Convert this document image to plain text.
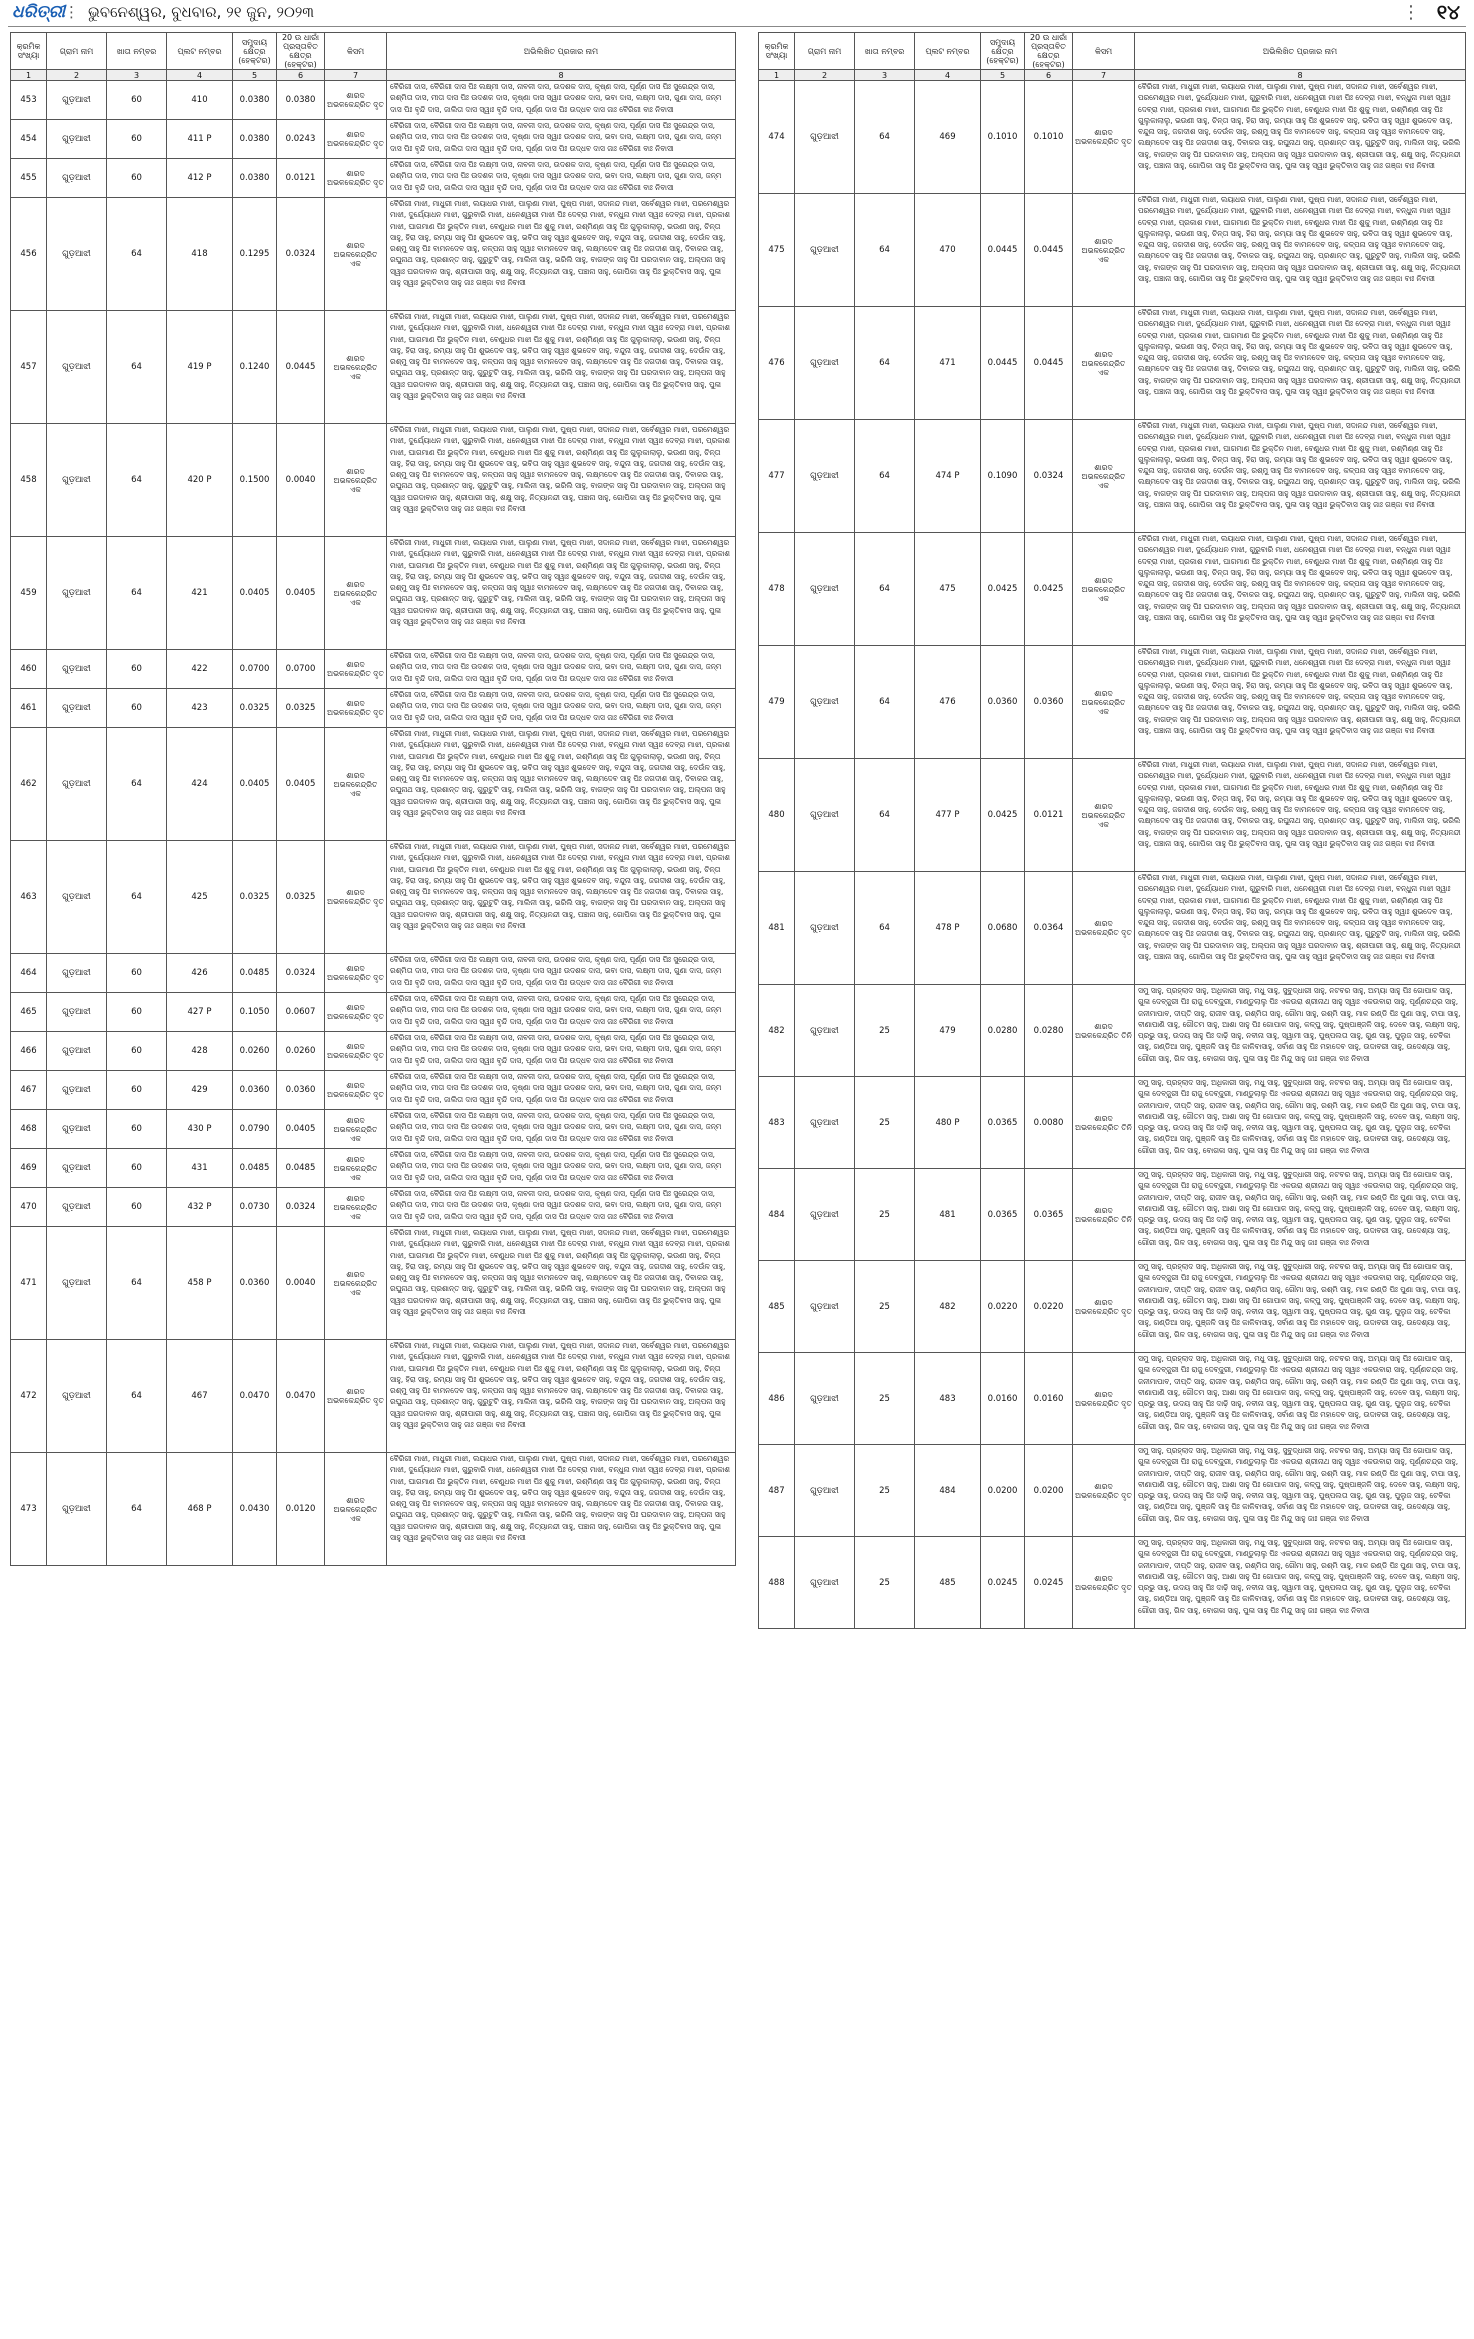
ଧରିତ୍ରୀ
⋮ ଭୁବନେଶ୍ୱର, ବୁଧବାର, ୨୧ ଜୁନ, ୨୦୨୩	⋮ ୧୪
କ୍ରମିକ ସଂଖ୍ୟା	ଗ୍ରାମ ନାମ	ଖାତା ନମ୍ବର	ପ୍ଲଟ ନମ୍ବର	ସମୁଦାୟ କ୍ଷେତ୍ର (ହେକ୍ଟର)	20 ଉ ଧାରାଁ ପ୍ରସ୍ତାବିତ କ୍ଷେତ୍ର (ହେକ୍ଟର)	କିସମ	ଅଭିଲିଖିତ ପ୍ରଜାର ନାମ
1	2	3	4	5	6	7	8
453	ଗୁଡ଼ଆଝୀ	60	410	0.0380	0.0380	ଶାରଦ ଅଭଳକେନ୍ଦ୍ରିତ ଦୃତ	ବୈରିଗୀ ଦାସ, ବୈରିଗୀ ଦାସ ପିଃ ଲକ୍ଷ୍ମୀ ଦାସ, ନାବଳୀ ଦାସ, ଉଦଶକ ଦାସ, କୃଷ୍ଣ ଦାସ, ପୂର୍ଣ୍ଣ ଦାସ ପିଃ ସୁରେନ୍ଦ୍ର ଦାସ, ରଶ୍ମିତା ଦାସ, ମୀତା ଦାସ ପିଃ ଉଦଶକ ଦାସ, କୃଷ୍ଣା ଦାସ ସ୍ୱାଃ ଉଦଶକ ଦାସ, ଭବା ଦାସ, ଲକ୍ଷ୍ମୀ ଦାସ, ଗୁଣା ଦାସ, ଜନ୍ମ ଦାସ ପିଃ ବୃନ୍ଦି ଦାସ, ଜାଲିତା ଦାସ ସ୍ୱାଃ ବୃନ୍ଦି ଦାସ, ପୂର୍ଣ୍ଣ ଦାସ ପିଃ ଉଦ୍ଧବ ଦାସ ଜାଃ ବୈରିଗୀ ବାଃ ନିବାସୀ
454	ଗୁଡ଼ଆଝୀ	60	411 P	0.0380	0.0243	ଶାରଦ ଅଭଳକେନ୍ଦ୍ରିତ ଦୃତ	ବୈରିଗୀ ଦାସ, ବୈରିଗୀ ଦାସ ପିଃ ଲକ୍ଷ୍ମୀ ଦାସ, ନାବଳୀ ଦାସ, ଉଦଶକ ଦାସ, କୃଷ୍ଣ ଦାସ, ପୂର୍ଣ୍ଣ ଦାସ ପିଃ ସୁରେନ୍ଦ୍ର ଦାସ, ରଶ୍ମିତା ଦାସ, ମୀତା ଦାସ ପିଃ ଉଦଶକ ଦାସ, କୃଷ୍ଣା ଦାସ ସ୍ୱାଃ ଉଦଶକ ଦାସ, ଭବା ଦାସ, ଲକ୍ଷ୍ମୀ ଦାସ, ଗୁଣା ଦାସ, ଜନ୍ମ ଦାସ ପିଃ ବୃନ୍ଦି ଦାସ, ଜାଲିତା ଦାସ ସ୍ୱାଃ ବୃନ୍ଦି ଦାସ, ପୂର୍ଣ୍ଣ ଦାସ ପିଃ ଉଦ୍ଧବ ଦାସ ଜାଃ ବୈରିଗୀ ବାଃ ନିବାସୀ
455	ଗୁଡ଼ଆଝୀ	60	412 P	0.0380	0.0121	ଶାରଦ ଅଭଳକେନ୍ଦ୍ରିତ ଦୃତ	ବୈରିଗୀ ଦାସ, ବୈରିଗୀ ଦାସ ପିଃ ଲକ୍ଷ୍ମୀ ଦାସ, ନାବଳୀ ଦାସ, ଉଦଶକ ଦାସ, କୃଷ୍ଣ ଦାସ, ପୂର୍ଣ୍ଣ ଦାସ ପିଃ ସୁରେନ୍ଦ୍ର ଦାସ, ରଶ୍ମିତା ଦାସ, ମୀତା ଦାସ ପିଃ ଉଦଶକ ଦାସ, କୃଷ୍ଣା ଦାସ ସ୍ୱାଃ ଉଦଶକ ଦାସ, ଭବା ଦାସ, ଲକ୍ଷ୍ମୀ ଦାସ, ଗୁଣା ଦାସ, ଜନ୍ମ ଦାସ ପିଃ ବୃନ୍ଦି ଦାସ, ଜାଲିତା ଦାସ ସ୍ୱାଃ ବୃନ୍ଦି ଦାସ, ପୂର୍ଣ୍ଣ ଦାସ ପିଃ ଉଦ୍ଧବ ଦାସ ଜାଃ ବୈରିଗୀ ବାଃ ନିବାସୀ
456	ଗୁଡ଼ଆଝୀ	64	418	0.1295	0.0324	ଶାରଦ ଅଭଳକେନ୍ଦ୍ରିତ ଏକ	ବୈରିଗୀ ମାଝୀ, ମାଧୁରୀ ମାଝୀ, ଲୟାଧର ମାଝୀ, ପାଲୁଣା ମାଝୀ, ପୁଷ୍ପ ମାଝୀ, ସଦାନନ୍ଦ ମାଝୀ, ସର୍ବେଶ୍ୱର ମାଝୀ, ପରମେଶ୍ୱର ମାଝୀ, ଦୁର୍ଯ୍ୟୋଧନ ମାଝୀ, ଗୁରୁବାରି ମାଝୀ, ଧନେଶ୍ୱରୀ ମାଝୀ ପିଃ ଦେବ୍ରା ମାଝୀ, ବନ୍ଧୁନା ମାଝୀ ସ୍ୱାଃ ଦେବ୍ରା ମାଝୀ, ପ୍ରକାଶ ମାଝୀ, ଘାଗମାଣ ପିଃ ଭୁକ୍ତିନ ମାଝୀ, ବେଣୁଧର ମାଝୀ ପିଃ ଶୁକୁ ମାଝୀ, ରଶ୍ମିଣ୍ଣ ସାହୁ ପିଃ ଗୁଲୁକାଲାଲୁ, ଭଉଣୀ ସାହୁ, ଚିନ୍ତା ସାହୁ, ହିରା ସାହୁ, ରମ୍ୟା ସାହୁ ପିଃ ଶୁଭଦେବ ସାହୁ, ଭବିତା ସାହୁ ସ୍ୱାଃ ଶୁଭଦେବ ସାହୁ, ବନ୍ଦୁନା ସାହୁ, ଜଗଦୀଶ ସାହୁ, ଦେଉଁଳ ସାହୁ, ରଶ୍ମୁ ସାହୁ ପିଃ ବାମନଦେବ ସାହୁ, କଳ୍ପନା ସାହୁ ସ୍ୱାଃ ବାମନଦେବ ସାହୁ, ଲକ୍ଷ୍ମଦେବ ସାହୁ ପିଃ ଜଗଦୀଶ ସାହୁ, ଦିବାକର ସାହୁ, ରଘୁନାଥ ସାହୁ, ପ୍ରଶାନ୍ତ ସାହୁ, ଗୁରୁଟୁଟି ସାହୁ, ମାଲିନୀ ସାହୁ, ଭରିଲି ସାହୁ, ବାଗଙ୍କ ସାହୁ ପିଃ ଘରଦାବାନ ସାହୁ, ଅଲ୍ପନା ସାହୁ ସ୍ୱାଃ ଘରଦାବାନ ସାହୁ, ଶ୍ରୀପାରୀ ସାହୁ, ଶକ୍ଷୁ ସାହୁ, ନିତ୍ୟାନନ୍ଦୀ ସାହୁ, ପଞ୍ଚାନା ସାହୁ, ଗୋପିକା ସାହୁ ପିଃ ଭୁକ୍ତିବାସ ସାହୁ, ପୁଳା ସାହୁ ସ୍ୱାଃ ଭୁକ୍ତିବାସ ସାହୁ ଜାଃ ଗଞ୍ଜା ବାଃ ନିବାସୀ
457	ଗୁଡ଼ଆଝୀ	64	419 P	0.1240	0.0445	ଶାରଦ ଅଭଳକେନ୍ଦ୍ରିତ ଏକ	ବୈରିଗୀ ମାଝୀ, ମାଧୁରୀ ମାଝୀ, ଲୟାଧର ମାଝୀ, ପାଲୁଣା ମାଝୀ, ପୁଷ୍ପ ମାଝୀ, ସଦାନନ୍ଦ ମାଝୀ, ସର୍ବେଶ୍ୱର ମାଝୀ, ପରମେଶ୍ୱର ମାଝୀ, ଦୁର୍ଯ୍ୟୋଧନ ମାଝୀ, ଗୁରୁବାରି ମାଝୀ, ଧନେଶ୍ୱରୀ ମାଝୀ ପିଃ ଦେବ୍ରା ମାଝୀ, ବନ୍ଧୁନା ମାଝୀ ସ୍ୱାଃ ଦେବ୍ରା ମାଝୀ, ପ୍ରକାଶ ମାଝୀ, ଘାଗମାଣ ପିଃ ଭୁକ୍ତିନ ମାଝୀ, ବେଣୁଧର ମାଝୀ ପିଃ ଶୁକୁ ମାଝୀ, ରଶ୍ମିଣ୍ଣ ସାହୁ ପିଃ ଗୁଲୁକାଲାଲୁ, ଭଉଣୀ ସାହୁ, ଚିନ୍ତା ସାହୁ, ହିରା ସାହୁ, ରମ୍ୟା ସାହୁ ପିଃ ଶୁଭଦେବ ସାହୁ, ଭବିତା ସାହୁ ସ୍ୱାଃ ଶୁଭଦେବ ସାହୁ, ବନ୍ଦୁନା ସାହୁ, ଜଗଦୀଶ ସାହୁ, ଦେଉଁଳ ସାହୁ, ରଶ୍ମୁ ସାହୁ ପିଃ ବାମନଦେବ ସାହୁ, କଳ୍ପନା ସାହୁ ସ୍ୱାଃ ବାମନଦେବ ସାହୁ, ଲକ୍ଷ୍ମଦେବ ସାହୁ ପିଃ ଜଗଦୀଶ ସାହୁ, ଦିବାକର ସାହୁ, ରଘୁନାଥ ସାହୁ, ପ୍ରଶାନ୍ତ ସାହୁ, ଗୁରୁଟୁଟି ସାହୁ, ମାଲିନୀ ସାହୁ, ଭରିଲି ସାହୁ, ବାଗଙ୍କ ସାହୁ ପିଃ ଘରଦାବାନ ସାହୁ, ଅଲ୍ପନା ସାହୁ ସ୍ୱାଃ ଘରଦାବାନ ସାହୁ, ଶ୍ରୀପାରୀ ସାହୁ, ଶକ୍ଷୁ ସାହୁ, ନିତ୍ୟାନନ୍ଦୀ ସାହୁ, ପଞ୍ଚାନା ସାହୁ, ଗୋପିକା ସାହୁ ପିଃ ଭୁକ୍ତିବାସ ସାହୁ, ପୁଳା ସାହୁ ସ୍ୱାଃ ଭୁକ୍ତିବାସ ସାହୁ ଜାଃ ଗଞ୍ଜା ବାଃ ନିବାସୀ
458	ଗୁଡ଼ଆଝୀ	64	420 P	0.1500	0.0040	ଶାରଦ ଅଭଳକେନ୍ଦ୍ରିତ ଏକ	ବୈରିଗୀ ମାଝୀ, ମାଧୁରୀ ମାଝୀ, ଲୟାଧର ମାଝୀ, ପାଲୁଣା ମାଝୀ, ପୁଷ୍ପ ମାଝୀ, ସଦାନନ୍ଦ ମାଝୀ, ସର୍ବେଶ୍ୱର ମାଝୀ, ପରମେଶ୍ୱର ମାଝୀ, ଦୁର୍ଯ୍ୟୋଧନ ମାଝୀ, ଗୁରୁବାରି ମାଝୀ, ଧନେଶ୍ୱରୀ ମାଝୀ ପିଃ ଦେବ୍ରା ମାଝୀ, ବନ୍ଧୁନା ମାଝୀ ସ୍ୱାଃ ଦେବ୍ରା ମାଝୀ, ପ୍ରକାଶ ମାଝୀ, ଘାଗମାଣ ପିଃ ଭୁକ୍ତିନ ମାଝୀ, ବେଣୁଧର ମାଝୀ ପିଃ ଶୁକୁ ମାଝୀ, ରଶ୍ମିଣ୍ଣ ସାହୁ ପିଃ ଗୁଲୁକାଲାଲୁ, ଭଉଣୀ ସାହୁ, ଚିନ୍ତା ସାହୁ, ହିରା ସାହୁ, ରମ୍ୟା ସାହୁ ପିଃ ଶୁଭଦେବ ସାହୁ, ଭବିତା ସାହୁ ସ୍ୱାଃ ଶୁଭଦେବ ସାହୁ, ବନ୍ଦୁନା ସାହୁ, ଜଗଦୀଶ ସାହୁ, ଦେଉଁଳ ସାହୁ, ରଶ୍ମୁ ସାହୁ ପିଃ ବାମନଦେବ ସାହୁ, କଳ୍ପନା ସାହୁ ସ୍ୱାଃ ବାମନଦେବ ସାହୁ, ଲକ୍ଷ୍ମଦେବ ସାହୁ ପିଃ ଜଗଦୀଶ ସାହୁ, ଦିବାକର ସାହୁ, ରଘୁନାଥ ସାହୁ, ପ୍ରଶାନ୍ତ ସାହୁ, ଗୁରୁଟୁଟି ସାହୁ, ମାଲିନୀ ସାହୁ, ଭରିଲି ସାହୁ, ବାଗଙ୍କ ସାହୁ ପିଃ ଘରଦାବାନ ସାହୁ, ଅଲ୍ପନା ସାହୁ ସ୍ୱାଃ ଘରଦାବାନ ସାହୁ, ଶ୍ରୀପାରୀ ସାହୁ, ଶକ୍ଷୁ ସାହୁ, ନିତ୍ୟାନନ୍ଦୀ ସାହୁ, ପଞ୍ଚାନା ସାହୁ, ଗୋପିକା ସାହୁ ପିଃ ଭୁକ୍ତିବାସ ସାହୁ, ପୁଳା ସାହୁ ସ୍ୱାଃ ଭୁକ୍ତିବାସ ସାହୁ ଜାଃ ଗଞ୍ଜା ବାଃ ନିବାସୀ
459	ଗୁଡ଼ଆଝୀ	64	421	0.0405	0.0405	ଶାରଦ ଅଭଳକେନ୍ଦ୍ରିତ ଏକ	ବୈରିଗୀ ମାଝୀ, ମାଧୁରୀ ମାଝୀ, ଲୟାଧର ମାଝୀ, ପାଲୁଣା ମାଝୀ, ପୁଷ୍ପ ମାଝୀ, ସଦାନନ୍ଦ ମାଝୀ, ସର୍ବେଶ୍ୱର ମାଝୀ, ପରମେଶ୍ୱର ମାଝୀ, ଦୁର୍ଯ୍ୟୋଧନ ମାଝୀ, ଗୁରୁବାରି ମାଝୀ, ଧନେଶ୍ୱରୀ ମାଝୀ ପିଃ ଦେବ୍ରା ମାଝୀ, ବନ୍ଧୁନା ମାଝୀ ସ୍ୱାଃ ଦେବ୍ରା ମାଝୀ, ପ୍ରକାଶ ମାଝୀ, ଘାଗମାଣ ପିଃ ଭୁକ୍ତିନ ମାଝୀ, ବେଣୁଧର ମାଝୀ ପିଃ ଶୁକୁ ମାଝୀ, ରଶ୍ମିଣ୍ଣ ସାହୁ ପିଃ ଗୁଲୁକାଲାଲୁ, ଭଉଣୀ ସାହୁ, ଚିନ୍ତା ସାହୁ, ହିରା ସାହୁ, ରମ୍ୟା ସାହୁ ପିଃ ଶୁଭଦେବ ସାହୁ, ଭବିତା ସାହୁ ସ୍ୱାଃ ଶୁଭଦେବ ସାହୁ, ବନ୍ଦୁନା ସାହୁ, ଜଗଦୀଶ ସାହୁ, ଦେଉଁଳ ସାହୁ, ରଶ୍ମୁ ସାହୁ ପିଃ ବାମନଦେବ ସାହୁ, କଳ୍ପନା ସାହୁ ସ୍ୱାଃ ବାମନଦେବ ସାହୁ, ଲକ୍ଷ୍ମଦେବ ସାହୁ ପିଃ ଜଗଦୀଶ ସାହୁ, ଦିବାକର ସାହୁ, ରଘୁନାଥ ସାହୁ, ପ୍ରଶାନ୍ତ ସାହୁ, ଗୁରୁଟୁଟି ସାହୁ, ମାଲିନୀ ସାହୁ, ଭରିଲି ସାହୁ, ବାଗଙ୍କ ସାହୁ ପିଃ ଘରଦାବାନ ସାହୁ, ଅଲ୍ପନା ସାହୁ ସ୍ୱାଃ ଘରଦାବାନ ସାହୁ, ଶ୍ରୀପାରୀ ସାହୁ, ଶକ୍ଷୁ ସାହୁ, ନିତ୍ୟାନନ୍ଦୀ ସାହୁ, ପଞ୍ଚାନା ସାହୁ, ଗୋପିକା ସାହୁ ପିଃ ଭୁକ୍ତିବାସ ସାହୁ, ପୁଳା ସାହୁ ସ୍ୱାଃ ଭୁକ୍ତିବାସ ସାହୁ ଜାଃ ଗଞ୍ଜା ବାଃ ନିବାସୀ
460	ଗୁଡ଼ଆଝୀ	60	422	0.0700	0.0700	ଶାରଦ ଅଭଳକେନ୍ଦ୍ରିତ ଦୃତ	ବୈରିଗୀ ଦାସ, ବୈରିଗୀ ଦାସ ପିଃ ଲକ୍ଷ୍ମୀ ଦାସ, ନାବଳୀ ଦାସ, ଉଦଶକ ଦାସ, କୃଷ୍ଣ ଦାସ, ପୂର୍ଣ୍ଣ ଦାସ ପିଃ ସୁରେନ୍ଦ୍ର ଦାସ, ରଶ୍ମିତା ଦାସ, ମୀତା ଦାସ ପିଃ ଉଦଶକ ଦାସ, କୃଷ୍ଣା ଦାସ ସ୍ୱାଃ ଉଦଶକ ଦାସ, ଭବା ଦାସ, ଲକ୍ଷ୍ମୀ ଦାସ, ଗୁଣା ଦାସ, ଜନ୍ମ ଦାସ ପିଃ ବୃନ୍ଦି ଦାସ, ଜାଲିତା ଦାସ ସ୍ୱାଃ ବୃନ୍ଦି ଦାସ, ପୂର୍ଣ୍ଣ ଦାସ ପିଃ ଉଦ୍ଧବ ଦାସ ଜାଃ ବୈରିଗୀ ବାଃ ନିବାସୀ
461	ଗୁଡ଼ଆଝୀ	60	423	0.0325	0.0325	ଶାରଦ ଅଭଳକେନ୍ଦ୍ରିତ ଦୃତ	ବୈରିଗୀ ଦାସ, ବୈରିଗୀ ଦାସ ପିଃ ଲକ୍ଷ୍ମୀ ଦାସ, ନାବଳୀ ଦାସ, ଉଦଶକ ଦାସ, କୃଷ୍ଣ ଦାସ, ପୂର୍ଣ୍ଣ ଦାସ ପିଃ ସୁରେନ୍ଦ୍ର ଦାସ, ରଶ୍ମିତା ଦାସ, ମୀତା ଦାସ ପିଃ ଉଦଶକ ଦାସ, କୃଷ୍ଣା ଦାସ ସ୍ୱାଃ ଉଦଶକ ଦାସ, ଭବା ଦାସ, ଲକ୍ଷ୍ମୀ ଦାସ, ଗୁଣା ଦାସ, ଜନ୍ମ ଦାସ ପିଃ ବୃନ୍ଦି ଦାସ, ଜାଲିତା ଦାସ ସ୍ୱାଃ ବୃନ୍ଦି ଦାସ, ପୂର୍ଣ୍ଣ ଦାସ ପିଃ ଉଦ୍ଧବ ଦାସ ଜାଃ ବୈରିଗୀ ବାଃ ନିବାସୀ
462	ଗୁଡ଼ଆଝୀ	64	424	0.0405	0.0405	ଶାରଦ ଅଭଳକେନ୍ଦ୍ରିତ ଏକ	ବୈରିଗୀ ମାଝୀ, ମାଧୁରୀ ମାଝୀ, ଲୟାଧର ମାଝୀ, ପାଲୁଣା ମାଝୀ, ପୁଷ୍ପ ମାଝୀ, ସଦାନନ୍ଦ ମାଝୀ, ସର୍ବେଶ୍ୱର ମାଝୀ, ପରମେଶ୍ୱର ମାଝୀ, ଦୁର୍ଯ୍ୟୋଧନ ମାଝୀ, ଗୁରୁବାରି ମାଝୀ, ଧନେଶ୍ୱରୀ ମାଝୀ ପିଃ ଦେବ୍ରା ମାଝୀ, ବନ୍ଧୁନା ମାଝୀ ସ୍ୱାଃ ଦେବ୍ରା ମାଝୀ, ପ୍ରକାଶ ମାଝୀ, ଘାଗମାଣ ପିଃ ଭୁକ୍ତିନ ମାଝୀ, ବେଣୁଧର ମାଝୀ ପିଃ ଶୁକୁ ମାଝୀ, ରଶ୍ମିଣ୍ଣ ସାହୁ ପିଃ ଗୁଲୁକାଲାଲୁ, ଭଉଣୀ ସାହୁ, ଚିନ୍ତା ସାହୁ, ହିରା ସାହୁ, ରମ୍ୟା ସାହୁ ପିଃ ଶୁଭଦେବ ସାହୁ, ଭବିତା ସାହୁ ସ୍ୱାଃ ଶୁଭଦେବ ସାହୁ, ବନ୍ଦୁନା ସାହୁ, ଜଗଦୀଶ ସାହୁ, ଦେଉଁଳ ସାହୁ, ରଶ୍ମୁ ସାହୁ ପିଃ ବାମନଦେବ ସାହୁ, କଳ୍ପନା ସାହୁ ସ୍ୱାଃ ବାମନଦେବ ସାହୁ, ଲକ୍ଷ୍ମଦେବ ସାହୁ ପିଃ ଜଗଦୀଶ ସାହୁ, ଦିବାକର ସାହୁ, ରଘୁନାଥ ସାହୁ, ପ୍ରଶାନ୍ତ ସାହୁ, ଗୁରୁଟୁଟି ସାହୁ, ମାଲିନୀ ସାହୁ, ଭରିଲି ସାହୁ, ବାଗଙ୍କ ସାହୁ ପିଃ ଘରଦାବାନ ସାହୁ, ଅଲ୍ପନା ସାହୁ ସ୍ୱାଃ ଘରଦାବାନ ସାହୁ, ଶ୍ରୀପାରୀ ସାହୁ, ଶକ୍ଷୁ ସାହୁ, ନିତ୍ୟାନନ୍ଦୀ ସାହୁ, ପଞ୍ଚାନା ସାହୁ, ଗୋପିକା ସାହୁ ପିଃ ଭୁକ୍ତିବାସ ସାହୁ, ପୁଳା ସାହୁ ସ୍ୱାଃ ଭୁକ୍ତିବାସ ସାହୁ ଜାଃ ଗଞ୍ଜା ବାଃ ନିବାସୀ
463	ଗୁଡ଼ଆଝୀ	64	425	0.0325	0.0325	ଶାରଦ ଅଭଳକେନ୍ଦ୍ରିତ ଦୃତ	ବୈରିଗୀ ମାଝୀ, ମାଧୁରୀ ମାଝୀ, ଲୟାଧର ମାଝୀ, ପାଲୁଣା ମାଝୀ, ପୁଷ୍ପ ମାଝୀ, ସଦାନନ୍ଦ ମାଝୀ, ସର୍ବେଶ୍ୱର ମାଝୀ, ପରମେଶ୍ୱର ମାଝୀ, ଦୁର୍ଯ୍ୟୋଧନ ମାଝୀ, ଗୁରୁବାରି ମାଝୀ, ଧନେଶ୍ୱରୀ ମାଝୀ ପିଃ ଦେବ୍ରା ମାଝୀ, ବନ୍ଧୁନା ମାଝୀ ସ୍ୱାଃ ଦେବ୍ରା ମାଝୀ, ପ୍ରକାଶ ମାଝୀ, ଘାଗମାଣ ପିଃ ଭୁକ୍ତିନ ମାଝୀ, ବେଣୁଧର ମାଝୀ ପିଃ ଶୁକୁ ମାଝୀ, ରଶ୍ମିଣ୍ଣ ସାହୁ ପିଃ ଗୁଲୁକାଲାଲୁ, ଭଉଣୀ ସାହୁ, ଚିନ୍ତା ସାହୁ, ହିରା ସାହୁ, ରମ୍ୟା ସାହୁ ପିଃ ଶୁଭଦେବ ସାହୁ, ଭବିତା ସାହୁ ସ୍ୱାଃ ଶୁଭଦେବ ସାହୁ, ବନ୍ଦୁନା ସାହୁ, ଜଗଦୀଶ ସାହୁ, ଦେଉଁଳ ସାହୁ, ରଶ୍ମୁ ସାହୁ ପିଃ ବାମନଦେବ ସାହୁ, କଳ୍ପନା ସାହୁ ସ୍ୱାଃ ବାମନଦେବ ସାହୁ, ଲକ୍ଷ୍ମଦେବ ସାହୁ ପିଃ ଜଗଦୀଶ ସାହୁ, ଦିବାକର ସାହୁ, ରଘୁନାଥ ସାହୁ, ପ୍ରଶାନ୍ତ ସାହୁ, ଗୁରୁଟୁଟି ସାହୁ, ମାଲିନୀ ସାହୁ, ଭରିଲି ସାହୁ, ବାଗଙ୍କ ସାହୁ ପିଃ ଘରଦାବାନ ସାହୁ, ଅଲ୍ପନା ସାହୁ ସ୍ୱାଃ ଘରଦାବାନ ସାହୁ, ଶ୍ରୀପାରୀ ସାହୁ, ଶକ୍ଷୁ ସାହୁ, ନିତ୍ୟାନନ୍ଦୀ ସାହୁ, ପଞ୍ଚାନା ସାହୁ, ଗୋପିକା ସାହୁ ପିଃ ଭୁକ୍ତିବାସ ସାହୁ, ପୁଳା ସାହୁ ସ୍ୱାଃ ଭୁକ୍ତିବାସ ସାହୁ ଜାଃ ଗଞ୍ଜା ବାଃ ନିବାସୀ
464	ଗୁଡ଼ଆଝୀ	60	426	0.0485	0.0324	ଶାରଦ ଅଭଳକେନ୍ଦ୍ରିତ ଦୃତ	ବୈରିଗୀ ଦାସ, ବୈରିଗୀ ଦାସ ପିଃ ଲକ୍ଷ୍ମୀ ଦାସ, ନାବଳୀ ଦାସ, ଉଦଶକ ଦାସ, କୃଷ୍ଣ ଦାସ, ପୂର୍ଣ୍ଣ ଦାସ ପିଃ ସୁରେନ୍ଦ୍ର ଦାସ, ରଶ୍ମିତା ଦାସ, ମୀତା ଦାସ ପିଃ ଉଦଶକ ଦାସ, କୃଷ୍ଣା ଦାସ ସ୍ୱାଃ ଉଦଶକ ଦାସ, ଭବା ଦାସ, ଲକ୍ଷ୍ମୀ ଦାସ, ଗୁଣା ଦାସ, ଜନ୍ମ ଦାସ ପିଃ ବୃନ୍ଦି ଦାସ, ଜାଲିତା ଦାସ ସ୍ୱାଃ ବୃନ୍ଦି ଦାସ, ପୂର୍ଣ୍ଣ ଦାସ ପିଃ ଉଦ୍ଧବ ଦାସ ଜାଃ ବୈରିଗୀ ବାଃ ନିବାସୀ
465	ଗୁଡ଼ଆଝୀ	60	427 P	0.1050	0.0607	ଶାରଦ ଅଭଳକେନ୍ଦ୍ରିତ ଦୃତ	ବୈରିଗୀ ଦାସ, ବୈରିଗୀ ଦାସ ପିଃ ଲକ୍ଷ୍ମୀ ଦାସ, ନାବଳୀ ଦାସ, ଉଦଶକ ଦାସ, କୃଷ୍ଣ ଦାସ, ପୂର୍ଣ୍ଣ ଦାସ ପିଃ ସୁରେନ୍ଦ୍ର ଦାସ, ରଶ୍ମିତା ଦାସ, ମୀତା ଦାସ ପିଃ ଉଦଶକ ଦାସ, କୃଷ୍ଣା ଦାସ ସ୍ୱାଃ ଉଦଶକ ଦାସ, ଭବା ଦାସ, ଲକ୍ଷ୍ମୀ ଦାସ, ଗୁଣା ଦାସ, ଜନ୍ମ ଦାସ ପିଃ ବୃନ୍ଦି ଦାସ, ଜାଲିତା ଦାସ ସ୍ୱାଃ ବୃନ୍ଦି ଦାସ, ପୂର୍ଣ୍ଣ ଦାସ ପିଃ ଉଦ୍ଧବ ଦାସ ଜାଃ ବୈରିଗୀ ବାଃ ନିବାସୀ
466	ଗୁଡ଼ଆଝୀ	60	428	0.0260	0.0260	ଶାରଦ ଅଭଳକେନ୍ଦ୍ରିତ ଦୃତ	ବୈରିଗୀ ଦାସ, ବୈରିଗୀ ଦାସ ପିଃ ଲକ୍ଷ୍ମୀ ଦାସ, ନାବଳୀ ଦାସ, ଉଦଶକ ଦାସ, କୃଷ୍ଣ ଦାସ, ପୂର୍ଣ୍ଣ ଦାସ ପିଃ ସୁରେନ୍ଦ୍ର ଦାସ, ରଶ୍ମିତା ଦାସ, ମୀତା ଦାସ ପିଃ ଉଦଶକ ଦାସ, କୃଷ୍ଣା ଦାସ ସ୍ୱାଃ ଉଦଶକ ଦାସ, ଭବା ଦାସ, ଲକ୍ଷ୍ମୀ ଦାସ, ଗୁଣା ଦାସ, ଜନ୍ମ ଦାସ ପିଃ ବୃନ୍ଦି ଦାସ, ଜାଲିତା ଦାସ ସ୍ୱାଃ ବୃନ୍ଦି ଦାସ, ପୂର୍ଣ୍ଣ ଦାସ ପିଃ ଉଦ୍ଧବ ଦାସ ଜାଃ ବୈରିଗୀ ବାଃ ନିବାସୀ
467	ଗୁଡ଼ଆଝୀ	60	429	0.0360	0.0360	ଶାରଦ ଅଭଳକେନ୍ଦ୍ରିତ ଦୃତ	ବୈରିଗୀ ଦାସ, ବୈରିଗୀ ଦାସ ପିଃ ଲକ୍ଷ୍ମୀ ଦାସ, ନାବଳୀ ଦାସ, ଉଦଶକ ଦାସ, କୃଷ୍ଣ ଦାସ, ପୂର୍ଣ୍ଣ ଦାସ ପିଃ ସୁରେନ୍ଦ୍ର ଦାସ, ରଶ୍ମିତା ଦାସ, ମୀତା ଦାସ ପିଃ ଉଦଶକ ଦାସ, କୃଷ୍ଣା ଦାସ ସ୍ୱାଃ ଉଦଶକ ଦାସ, ଭବା ଦାସ, ଲକ୍ଷ୍ମୀ ଦାସ, ଗୁଣା ଦାସ, ଜନ୍ମ ଦାସ ପିଃ ବୃନ୍ଦି ଦାସ, ଜାଲିତା ଦାସ ସ୍ୱାଃ ବୃନ୍ଦି ଦାସ, ପୂର୍ଣ୍ଣ ଦାସ ପିଃ ଉଦ୍ଧବ ଦାସ ଜାଃ ବୈରିଗୀ ବାଃ ନିବାସୀ
468	ଗୁଡ଼ଆଝୀ	60	430 P	0.0790	0.0405	ଶାରଦ ଅଭଳକେନ୍ଦ୍ରିତ ଏକ	ବୈରିଗୀ ଦାସ, ବୈରିଗୀ ଦାସ ପିଃ ଲକ୍ଷ୍ମୀ ଦାସ, ନାବଳୀ ଦାସ, ଉଦଶକ ଦାସ, କୃଷ୍ଣ ଦାସ, ପୂର୍ଣ୍ଣ ଦାସ ପିଃ ସୁରେନ୍ଦ୍ର ଦାସ, ରଶ୍ମିତା ଦାସ, ମୀତା ଦାସ ପିଃ ଉଦଶକ ଦାସ, କୃଷ୍ଣା ଦାସ ସ୍ୱାଃ ଉଦଶକ ଦାସ, ଭବା ଦାସ, ଲକ୍ଷ୍ମୀ ଦାସ, ଗୁଣା ଦାସ, ଜନ୍ମ ଦାସ ପିଃ ବୃନ୍ଦି ଦାସ, ଜାଲିତା ଦାସ ସ୍ୱାଃ ବୃନ୍ଦି ଦାସ, ପୂର୍ଣ୍ଣ ଦାସ ପିଃ ଉଦ୍ଧବ ଦାସ ଜାଃ ବୈରିଗୀ ବାଃ ନିବାସୀ
469	ଗୁଡ଼ଆଝୀ	60	431	0.0485	0.0485	ଶାରଦ ଅଭଳକେନ୍ଦ୍ରିତ ଏକ	ବୈରିଗୀ ଦାସ, ବୈରିଗୀ ଦାସ ପିଃ ଲକ୍ଷ୍ମୀ ଦାସ, ନାବଳୀ ଦାସ, ଉଦଶକ ଦାସ, କୃଷ୍ଣ ଦାସ, ପୂର୍ଣ୍ଣ ଦାସ ପିଃ ସୁରେନ୍ଦ୍ର ଦାସ, ରଶ୍ମିତା ଦାସ, ମୀତା ଦାସ ପିଃ ଉଦଶକ ଦାସ, କୃଷ୍ଣା ଦାସ ସ୍ୱାଃ ଉଦଶକ ଦାସ, ଭବା ଦାସ, ଲକ୍ଷ୍ମୀ ଦାସ, ଗୁଣା ଦାସ, ଜନ୍ମ ଦାସ ପିଃ ବୃନ୍ଦି ଦାସ, ଜାଲିତା ଦାସ ସ୍ୱାଃ ବୃନ୍ଦି ଦାସ, ପୂର୍ଣ୍ଣ ଦାସ ପିଃ ଉଦ୍ଧବ ଦାସ ଜାଃ ବୈରିଗୀ ବାଃ ନିବାସୀ
470	ଗୁଡ଼ଆଝୀ	60	432 P	0.0730	0.0324	ଶାରଦ ଅଭଳକେନ୍ଦ୍ରିତ ଏକ	ବୈରିଗୀ ଦାସ, ବୈରିଗୀ ଦାସ ପିଃ ଲକ୍ଷ୍ମୀ ଦାସ, ନାବଳୀ ଦାସ, ଉଦଶକ ଦାସ, କୃଷ୍ଣ ଦାସ, ପୂର୍ଣ୍ଣ ଦାସ ପିଃ ସୁରେନ୍ଦ୍ର ଦାସ, ରଶ୍ମିତା ଦାସ, ମୀତା ଦାସ ପିଃ ଉଦଶକ ଦାସ, କୃଷ୍ଣା ଦାସ ସ୍ୱାଃ ଉଦଶକ ଦାସ, ଭବା ଦାସ, ଲକ୍ଷ୍ମୀ ଦାସ, ଗୁଣା ଦାସ, ଜନ୍ମ ଦାସ ପିଃ ବୃନ୍ଦି ଦାସ, ଜାଲିତା ଦାସ ସ୍ୱାଃ ବୃନ୍ଦି ଦାସ, ପୂର୍ଣ୍ଣ ଦାସ ପିଃ ଉଦ୍ଧବ ଦାସ ଜାଃ ବୈରିଗୀ ବାଃ ନିବାସୀ
471	ଗୁଡ଼ଆଝୀ	64	458 P	0.0360	0.0040	ଶାରଦ ଅଭଳକେନ୍ଦ୍ରିତ ଏକ	ବୈରିଗୀ ମାଝୀ, ମାଧୁରୀ ମାଝୀ, ଲୟାଧର ମାଝୀ, ପାଲୁଣା ମାଝୀ, ପୁଷ୍ପ ମାଝୀ, ସଦାନନ୍ଦ ମାଝୀ, ସର୍ବେଶ୍ୱର ମାଝୀ, ପରମେଶ୍ୱର ମାଝୀ, ଦୁର୍ଯ୍ୟୋଧନ ମାଝୀ, ଗୁରୁବାରି ମାଝୀ, ଧନେଶ୍ୱରୀ ମାଝୀ ପିଃ ଦେବ୍ରା ମାଝୀ, ବନ୍ଧୁନା ମାଝୀ ସ୍ୱାଃ ଦେବ୍ରା ମାଝୀ, ପ୍ରକାଶ ମାଝୀ, ଘାଗମାଣ ପିଃ ଭୁକ୍ତିନ ମାଝୀ, ବେଣୁଧର ମାଝୀ ପିଃ ଶୁକୁ ମାଝୀ, ରଶ୍ମିଣ୍ଣ ସାହୁ ପିଃ ଗୁଲୁକାଲାଲୁ, ଭଉଣୀ ସାହୁ, ଚିନ୍ତା ସାହୁ, ହିରା ସାହୁ, ରମ୍ୟା ସାହୁ ପିଃ ଶୁଭଦେବ ସାହୁ, ଭବିତା ସାହୁ ସ୍ୱାଃ ଶୁଭଦେବ ସାହୁ, ବନ୍ଦୁନା ସାହୁ, ଜଗଦୀଶ ସାହୁ, ଦେଉଁଳ ସାହୁ, ରଶ୍ମୁ ସାହୁ ପିଃ ବାମନଦେବ ସାହୁ, କଳ୍ପନା ସାହୁ ସ୍ୱାଃ ବାମନଦେବ ସାହୁ, ଲକ୍ଷ୍ମଦେବ ସାହୁ ପିଃ ଜଗଦୀଶ ସାହୁ, ଦିବାକର ସାହୁ, ରଘୁନାଥ ସାହୁ, ପ୍ରଶାନ୍ତ ସାହୁ, ଗୁରୁଟୁଟି ସାହୁ, ମାଲିନୀ ସାହୁ, ଭରିଲି ସାହୁ, ବାଗଙ୍କ ସାହୁ ପିଃ ଘରଦାବାନ ସାହୁ, ଅଲ୍ପନା ସାହୁ ସ୍ୱାଃ ଘରଦାବାନ ସାହୁ, ଶ୍ରୀପାରୀ ସାହୁ, ଶକ୍ଷୁ ସାହୁ, ନିତ୍ୟାନନ୍ଦୀ ସାହୁ, ପଞ୍ଚାନା ସାହୁ, ଗୋପିକା ସାହୁ ପିଃ ଭୁକ୍ତିବାସ ସାହୁ, ପୁଳା ସାହୁ ସ୍ୱାଃ ଭୁକ୍ତିବାସ ସାହୁ ଜାଃ ଗଞ୍ଜା ବାଃ ନିବାସୀ
472	ଗୁଡ଼ଆଝୀ	64	467	0.0470	0.0470	ଶାରଦ ଅଭଳକେନ୍ଦ୍ରିତ ଦୃତ	ବୈରିଗୀ ମାଝୀ, ମାଧୁରୀ ମାଝୀ, ଲୟାଧର ମାଝୀ, ପାଲୁଣା ମାଝୀ, ପୁଷ୍ପ ମାଝୀ, ସଦାନନ୍ଦ ମାଝୀ, ସର୍ବେଶ୍ୱର ମାଝୀ, ପରମେଶ୍ୱର ମାଝୀ, ଦୁର୍ଯ୍ୟୋଧନ ମାଝୀ, ଗୁରୁବାରି ମାଝୀ, ଧନେଶ୍ୱରୀ ମାଝୀ ପିଃ ଦେବ୍ରା ମାଝୀ, ବନ୍ଧୁନା ମାଝୀ ସ୍ୱାଃ ଦେବ୍ରା ମାଝୀ, ପ୍ରକାଶ ମାଝୀ, ଘାଗମାଣ ପିଃ ଭୁକ୍ତିନ ମାଝୀ, ବେଣୁଧର ମାଝୀ ପିଃ ଶୁକୁ ମାଝୀ, ରଶ୍ମିଣ୍ଣ ସାହୁ ପିଃ ଗୁଲୁକାଲାଲୁ, ଭଉଣୀ ସାହୁ, ଚିନ୍ତା ସାହୁ, ହିରା ସାହୁ, ରମ୍ୟା ସାହୁ ପିଃ ଶୁଭଦେବ ସାହୁ, ଭବିତା ସାହୁ ସ୍ୱାଃ ଶୁଭଦେବ ସାହୁ, ବନ୍ଦୁନା ସାହୁ, ଜଗଦୀଶ ସାହୁ, ଦେଉଁଳ ସାହୁ, ରଶ୍ମୁ ସାହୁ ପିଃ ବାମନଦେବ ସାହୁ, କଳ୍ପନା ସାହୁ ସ୍ୱାଃ ବାମନଦେବ ସାହୁ, ଲକ୍ଷ୍ମଦେବ ସାହୁ ପିଃ ଜଗଦୀଶ ସାହୁ, ଦିବାକର ସାହୁ, ରଘୁନାଥ ସାହୁ, ପ୍ରଶାନ୍ତ ସାହୁ, ଗୁରୁଟୁଟି ସାହୁ, ମାଲିନୀ ସାହୁ, ଭରିଲି ସାହୁ, ବାଗଙ୍କ ସାହୁ ପିଃ ଘରଦାବାନ ସାହୁ, ଅଲ୍ପନା ସାହୁ ସ୍ୱାଃ ଘରଦାବାନ ସାହୁ, ଶ୍ରୀପାରୀ ସାହୁ, ଶକ୍ଷୁ ସାହୁ, ନିତ୍ୟାନନ୍ଦୀ ସାହୁ, ପଞ୍ଚାନା ସାହୁ, ଗୋପିକା ସାହୁ ପିଃ ଭୁକ୍ତିବାସ ସାହୁ, ପୁଳା ସାହୁ ସ୍ୱାଃ ଭୁକ୍ତିବାସ ସାହୁ ଜାଃ ଗଞ୍ଜା ବାଃ ନିବାସୀ
473	ଗୁଡ଼ଆଝୀ	64	468 P	0.0430	0.0120	ଶାରଦ ଅଭଳକେନ୍ଦ୍ରିତ ଏକ	ବୈରିଗୀ ମାଝୀ, ମାଧୁରୀ ମାଝୀ, ଲୟାଧର ମାଝୀ, ପାଲୁଣା ମାଝୀ, ପୁଷ୍ପ ମାଝୀ, ସଦାନନ୍ଦ ମାଝୀ, ସର୍ବେଶ୍ୱର ମାଝୀ, ପରମେଶ୍ୱର ମାଝୀ, ଦୁର୍ଯ୍ୟୋଧନ ମାଝୀ, ଗୁରୁବାରି ମାଝୀ, ଧନେଶ୍ୱରୀ ମାଝୀ ପିଃ ଦେବ୍ରା ମାଝୀ, ବନ୍ଧୁନା ମାଝୀ ସ୍ୱାଃ ଦେବ୍ରା ମାଝୀ, ପ୍ରକାଶ ମାଝୀ, ଘାଗମାଣ ପିଃ ଭୁକ୍ତିନ ମାଝୀ, ବେଣୁଧର ମାଝୀ ପିଃ ଶୁକୁ ମାଝୀ, ରଶ୍ମିଣ୍ଣ ସାହୁ ପିଃ ଗୁଲୁକାଲାଲୁ, ଭଉଣୀ ସାହୁ, ଚିନ୍ତା ସାହୁ, ହିରା ସାହୁ, ରମ୍ୟା ସାହୁ ପିଃ ଶୁଭଦେବ ସାହୁ, ଭବିତା ସାହୁ ସ୍ୱାଃ ଶୁଭଦେବ ସାହୁ, ବନ୍ଦୁନା ସାହୁ, ଜଗଦୀଶ ସାହୁ, ଦେଉଁଳ ସାହୁ, ରଶ୍ମୁ ସାହୁ ପିଃ ବାମନଦେବ ସାହୁ, କଳ୍ପନା ସାହୁ ସ୍ୱାଃ ବାମନଦେବ ସାହୁ, ଲକ୍ଷ୍ମଦେବ ସାହୁ ପିଃ ଜଗଦୀଶ ସାହୁ, ଦିବାକର ସାହୁ, ରଘୁନାଥ ସାହୁ, ପ୍ରଶାନ୍ତ ସାହୁ, ଗୁରୁଟୁଟି ସାହୁ, ମାଲିନୀ ସାହୁ, ଭରିଲି ସାହୁ, ବାଗଙ୍କ ସାହୁ ପିଃ ଘରଦାବାନ ସାହୁ, ଅଲ୍ପନା ସାହୁ ସ୍ୱାଃ ଘରଦାବାନ ସାହୁ, ଶ୍ରୀପାରୀ ସାହୁ, ଶକ୍ଷୁ ସାହୁ, ନିତ୍ୟାନନ୍ଦୀ ସାହୁ, ପଞ୍ଚାନା ସାହୁ, ଗୋପିକା ସାହୁ ପିଃ ଭୁକ୍ତିବାସ ସାହୁ, ପୁଳା ସାହୁ ସ୍ୱାଃ ଭୁକ୍ତିବାସ ସାହୁ ଜାଃ ଗଞ୍ଜା ବାଃ ନିବାସୀ
କ୍ରମିକ ସଂଖ୍ୟା	ଗ୍ରାମ ନାମ	ଖାତା ନମ୍ବର	ପ୍ଲଟ ନମ୍ବର	ସମୁଦାୟ କ୍ଷେତ୍ର (ହେକ୍ଟର)	20 ଉ ଧାରାଁ ପ୍ରସ୍ତାବିତ କ୍ଷେତ୍ର (ହେକ୍ଟର)	କିସମ	ଅଭିଲିଖିତ ପ୍ରଜାର ନାମ
1	2	3	4	5	6	7	8
474	ଗୁଡ଼ଆଝୀ	64	469	0.1010	0.1010	ଶାରଦ ଅଭଳକେନ୍ଦ୍ରିତ ଦୃତ	ବୈରିଗୀ ମାଝୀ, ମାଧୁରୀ ମାଝୀ, ଲୟାଧର ମାଝୀ, ପାଲୁଣା ମାଝୀ, ପୁଷ୍ପ ମାଝୀ, ସଦାନନ୍ଦ ମାଝୀ, ସର୍ବେଶ୍ୱର ମାଝୀ, ପରମେଶ୍ୱର ମାଝୀ, ଦୁର୍ଯ୍ୟୋଧନ ମାଝୀ, ଗୁରୁବାରି ମାଝୀ, ଧନେଶ୍ୱରୀ ମାଝୀ ପିଃ ଦେବ୍ରା ମାଝୀ, ବନ୍ଧୁନା ମାଝୀ ସ୍ୱାଃ ଦେବ୍ରା ମାଝୀ, ପ୍ରକାଶ ମାଝୀ, ଘାଗମାଣ ପିଃ ଭୁକ୍ତିନ ମାଝୀ, ବେଣୁଧର ମାଝୀ ପିଃ ଶୁକୁ ମାଝୀ, ରଶ୍ମିଣ୍ଣ ସାହୁ ପିଃ ଗୁଲୁକାଲାଲୁ, ଭଉଣୀ ସାହୁ, ଚିନ୍ତା ସାହୁ, ହିରା ସାହୁ, ରମ୍ୟା ସାହୁ ପିଃ ଶୁଭଦେବ ସାହୁ, ଭବିତା ସାହୁ ସ୍ୱାଃ ଶୁଭଦେବ ସାହୁ, ବନ୍ଦୁନା ସାହୁ, ଜଗଦୀଶ ସାହୁ, ଦେଉଁଳ ସାହୁ, ରଶ୍ମୁ ସାହୁ ପିଃ ବାମନଦେବ ସାହୁ, କଳ୍ପନା ସାହୁ ସ୍ୱାଃ ବାମନଦେବ ସାହୁ, ଲକ୍ଷ୍ମଦେବ ସାହୁ ପିଃ ଜଗଦୀଶ ସାହୁ, ଦିବାକର ସାହୁ, ରଘୁନାଥ ସାହୁ, ପ୍ରଶାନ୍ତ ସାହୁ, ଗୁରୁଟୁଟି ସାହୁ, ମାଲିନୀ ସାହୁ, ଭରିଲି ସାହୁ, ବାଗଙ୍କ ସାହୁ ପିଃ ଘରଦାବାନ ସାହୁ, ଅଲ୍ପନା ସାହୁ ସ୍ୱାଃ ଘରଦାବାନ ସାହୁ, ଶ୍ରୀପାରୀ ସାହୁ, ଶକ୍ଷୁ ସାହୁ, ନିତ୍ୟାନନ୍ଦୀ ସାହୁ, ପଞ୍ଚାନା ସାହୁ, ଗୋପିକା ସାହୁ ପିଃ ଭୁକ୍ତିବାସ ସାହୁ, ପୁଳା ସାହୁ ସ୍ୱାଃ ଭୁକ୍ତିବାସ ସାହୁ ଜାଃ ଗଞ୍ଜା ବାଃ ନିବାସୀ
475	ଗୁଡ଼ଆଝୀ	64	470	0.0445	0.0445	ଶାରଦ ଅଭଳକେନ୍ଦ୍ରିତ ଏକ	ବୈରିଗୀ ମାଝୀ, ମାଧୁରୀ ମାଝୀ, ଲୟାଧର ମାଝୀ, ପାଲୁଣା ମାଝୀ, ପୁଷ୍ପ ମାଝୀ, ସଦାନନ୍ଦ ମାଝୀ, ସର୍ବେଶ୍ୱର ମାଝୀ, ପରମେଶ୍ୱର ମାଝୀ, ଦୁର୍ଯ୍ୟୋଧନ ମାଝୀ, ଗୁରୁବାରି ମାଝୀ, ଧନେଶ୍ୱରୀ ମାଝୀ ପିଃ ଦେବ୍ରା ମାଝୀ, ବନ୍ଧୁନା ମାଝୀ ସ୍ୱାଃ ଦେବ୍ରା ମାଝୀ, ପ୍ରକାଶ ମାଝୀ, ଘାଗମାଣ ପିଃ ଭୁକ୍ତିନ ମାଝୀ, ବେଣୁଧର ମାଝୀ ପିଃ ଶୁକୁ ମାଝୀ, ରଶ୍ମିଣ୍ଣ ସାହୁ ପିଃ ଗୁଲୁକାଲାଲୁ, ଭଉଣୀ ସାହୁ, ଚିନ୍ତା ସାହୁ, ହିରା ସାହୁ, ରମ୍ୟା ସାହୁ ପିଃ ଶୁଭଦେବ ସାହୁ, ଭବିତା ସାହୁ ସ୍ୱାଃ ଶୁଭଦେବ ସାହୁ, ବନ୍ଦୁନା ସାହୁ, ଜଗଦୀଶ ସାହୁ, ଦେଉଁଳ ସାହୁ, ରଶ୍ମୁ ସାହୁ ପିଃ ବାମନଦେବ ସାହୁ, କଳ୍ପନା ସାହୁ ସ୍ୱାଃ ବାମନଦେବ ସାହୁ, ଲକ୍ଷ୍ମଦେବ ସାହୁ ପିଃ ଜଗଦୀଶ ସାହୁ, ଦିବାକର ସାହୁ, ରଘୁନାଥ ସାହୁ, ପ୍ରଶାନ୍ତ ସାହୁ, ଗୁରୁଟୁଟି ସାହୁ, ମାଲିନୀ ସାହୁ, ଭରିଲି ସାହୁ, ବାଗଙ୍କ ସାହୁ ପିଃ ଘରଦାବାନ ସାହୁ, ଅଲ୍ପନା ସାହୁ ସ୍ୱାଃ ଘରଦାବାନ ସାହୁ, ଶ୍ରୀପାରୀ ସାହୁ, ଶକ୍ଷୁ ସାହୁ, ନିତ୍ୟାନନ୍ଦୀ ସାହୁ, ପଞ୍ଚାନା ସାହୁ, ଗୋପିକା ସାହୁ ପିଃ ଭୁକ୍ତିବାସ ସାହୁ, ପୁଳା ସାହୁ ସ୍ୱାଃ ଭୁକ୍ତିବାସ ସାହୁ ଜାଃ ଗଞ୍ଜା ବାଃ ନିବାସୀ
476	ଗୁଡ଼ଆଝୀ	64	471	0.0445	0.0445	ଶାରଦ ଅଭଳକେନ୍ଦ୍ରିତ ଏକ	ବୈରିଗୀ ମାଝୀ, ମାଧୁରୀ ମାଝୀ, ଲୟାଧର ମାଝୀ, ପାଲୁଣା ମାଝୀ, ପୁଷ୍ପ ମାଝୀ, ସଦାନନ୍ଦ ମାଝୀ, ସର୍ବେଶ୍ୱର ମାଝୀ, ପରମେଶ୍ୱର ମାଝୀ, ଦୁର୍ଯ୍ୟୋଧନ ମାଝୀ, ଗୁରୁବାରି ମାଝୀ, ଧନେଶ୍ୱରୀ ମାଝୀ ପିଃ ଦେବ୍ରା ମାଝୀ, ବନ୍ଧୁନା ମାଝୀ ସ୍ୱାଃ ଦେବ୍ରା ମାଝୀ, ପ୍ରକାଶ ମାଝୀ, ଘାଗମାଣ ପିଃ ଭୁକ୍ତିନ ମାଝୀ, ବେଣୁଧର ମାଝୀ ପିଃ ଶୁକୁ ମାଝୀ, ରଶ୍ମିଣ୍ଣ ସାହୁ ପିଃ ଗୁଲୁକାଲାଲୁ, ଭଉଣୀ ସାହୁ, ଚିନ୍ତା ସାହୁ, ହିରା ସାହୁ, ରମ୍ୟା ସାହୁ ପିଃ ଶୁଭଦେବ ସାହୁ, ଭବିତା ସାହୁ ସ୍ୱାଃ ଶୁଭଦେବ ସାହୁ, ବନ୍ଦୁନା ସାହୁ, ଜଗଦୀଶ ସାହୁ, ଦେଉଁଳ ସାହୁ, ରଶ୍ମୁ ସାହୁ ପିଃ ବାମନଦେବ ସାହୁ, କଳ୍ପନା ସାହୁ ସ୍ୱାଃ ବାମନଦେବ ସାହୁ, ଲକ୍ଷ୍ମଦେବ ସାହୁ ପିଃ ଜଗଦୀଶ ସାହୁ, ଦିବାକର ସାହୁ, ରଘୁନାଥ ସାହୁ, ପ୍ରଶାନ୍ତ ସାହୁ, ଗୁରୁଟୁଟି ସାହୁ, ମାଲିନୀ ସାହୁ, ଭରିଲି ସାହୁ, ବାଗଙ୍କ ସାହୁ ପିଃ ଘରଦାବାନ ସାହୁ, ଅଲ୍ପନା ସାହୁ ସ୍ୱାଃ ଘରଦାବାନ ସାହୁ, ଶ୍ରୀପାରୀ ସାହୁ, ଶକ୍ଷୁ ସାହୁ, ନିତ୍ୟାନନ୍ଦୀ ସାହୁ, ପଞ୍ଚାନା ସାହୁ, ଗୋପିକା ସାହୁ ପିଃ ଭୁକ୍ତିବାସ ସାହୁ, ପୁଳା ସାହୁ ସ୍ୱାଃ ଭୁକ୍ତିବାସ ସାହୁ ଜାଃ ଗଞ୍ଜା ବାଃ ନିବାସୀ
477	ଗୁଡ଼ଆଝୀ	64	474 P	0.1090	0.0324	ଶାରଦ ଅଭଳକେନ୍ଦ୍ରିତ ଏକ	ବୈରିଗୀ ମାଝୀ, ମାଧୁରୀ ମାଝୀ, ଲୟାଧର ମାଝୀ, ପାଲୁଣା ମାଝୀ, ପୁଷ୍ପ ମାଝୀ, ସଦାନନ୍ଦ ମାଝୀ, ସର୍ବେଶ୍ୱର ମାଝୀ, ପରମେଶ୍ୱର ମାଝୀ, ଦୁର୍ଯ୍ୟୋଧନ ମାଝୀ, ଗୁରୁବାରି ମାଝୀ, ଧନେଶ୍ୱରୀ ମାଝୀ ପିଃ ଦେବ୍ରା ମାଝୀ, ବନ୍ଧୁନା ମାଝୀ ସ୍ୱାଃ ଦେବ୍ରା ମାଝୀ, ପ୍ରକାଶ ମାଝୀ, ଘାଗମାଣ ପିଃ ଭୁକ୍ତିନ ମାଝୀ, ବେଣୁଧର ମାଝୀ ପିଃ ଶୁକୁ ମାଝୀ, ରଶ୍ମିଣ୍ଣ ସାହୁ ପିଃ ଗୁଲୁକାଲାଲୁ, ଭଉଣୀ ସାହୁ, ଚିନ୍ତା ସାହୁ, ହିରା ସାହୁ, ରମ୍ୟା ସାହୁ ପିଃ ଶୁଭଦେବ ସାହୁ, ଭବିତା ସାହୁ ସ୍ୱାଃ ଶୁଭଦେବ ସାହୁ, ବନ୍ଦୁନା ସାହୁ, ଜଗଦୀଶ ସାହୁ, ଦେଉଁଳ ସାହୁ, ରଶ୍ମୁ ସାହୁ ପିଃ ବାମନଦେବ ସାହୁ, କଳ୍ପନା ସାହୁ ସ୍ୱାଃ ବାମନଦେବ ସାହୁ, ଲକ୍ଷ୍ମଦେବ ସାହୁ ପିଃ ଜଗଦୀଶ ସାହୁ, ଦିବାକର ସାହୁ, ରଘୁନାଥ ସାହୁ, ପ୍ରଶାନ୍ତ ସାହୁ, ଗୁରୁଟୁଟି ସାହୁ, ମାଲିନୀ ସାହୁ, ଭରିଲି ସାହୁ, ବାଗଙ୍କ ସାହୁ ପିଃ ଘରଦାବାନ ସାହୁ, ଅଲ୍ପନା ସାହୁ ସ୍ୱାଃ ଘରଦାବାନ ସାହୁ, ଶ୍ରୀପାରୀ ସାହୁ, ଶକ୍ଷୁ ସାହୁ, ନିତ୍ୟାନନ୍ଦୀ ସାହୁ, ପଞ୍ଚାନା ସାହୁ, ଗୋପିକା ସାହୁ ପିଃ ଭୁକ୍ତିବାସ ସାହୁ, ପୁଳା ସାହୁ ସ୍ୱାଃ ଭୁକ୍ତିବାସ ସାହୁ ଜାଃ ଗଞ୍ଜା ବାଃ ନିବାସୀ
478	ଗୁଡ଼ଆଝୀ	64	475	0.0425	0.0425	ଶାରଦ ଅଭଳକେନ୍ଦ୍ରିତ ଏକ	ବୈରିଗୀ ମାଝୀ, ମାଧୁରୀ ମାଝୀ, ଲୟାଧର ମାଝୀ, ପାଲୁଣା ମାଝୀ, ପୁଷ୍ପ ମାଝୀ, ସଦାନନ୍ଦ ମାଝୀ, ସର୍ବେଶ୍ୱର ମାଝୀ, ପରମେଶ୍ୱର ମାଝୀ, ଦୁର୍ଯ୍ୟୋଧନ ମାଝୀ, ଗୁରୁବାରି ମାଝୀ, ଧନେଶ୍ୱରୀ ମାଝୀ ପିଃ ଦେବ୍ରା ମାଝୀ, ବନ୍ଧୁନା ମାଝୀ ସ୍ୱାଃ ଦେବ୍ରା ମାଝୀ, ପ୍ରକାଶ ମାଝୀ, ଘାଗମାଣ ପିଃ ଭୁକ୍ତିନ ମାଝୀ, ବେଣୁଧର ମାଝୀ ପିଃ ଶୁକୁ ମାଝୀ, ରଶ୍ମିଣ୍ଣ ସାହୁ ପିଃ ଗୁଲୁକାଲାଲୁ, ଭଉଣୀ ସାହୁ, ଚିନ୍ତା ସାହୁ, ହିରା ସାହୁ, ରମ୍ୟା ସାହୁ ପିଃ ଶୁଭଦେବ ସାହୁ, ଭବିତା ସାହୁ ସ୍ୱାଃ ଶୁଭଦେବ ସାହୁ, ବନ୍ଦୁନା ସାହୁ, ଜଗଦୀଶ ସାହୁ, ଦେଉଁଳ ସାହୁ, ରଶ୍ମୁ ସାହୁ ପିଃ ବାମନଦେବ ସାହୁ, କଳ୍ପନା ସାହୁ ସ୍ୱାଃ ବାମନଦେବ ସାହୁ, ଲକ୍ଷ୍ମଦେବ ସାହୁ ପିଃ ଜଗଦୀଶ ସାହୁ, ଦିବାକର ସାହୁ, ରଘୁନାଥ ସାହୁ, ପ୍ରଶାନ୍ତ ସାହୁ, ଗୁରୁଟୁଟି ସାହୁ, ମାଲିନୀ ସାହୁ, ଭରିଲି ସାହୁ, ବାଗଙ୍କ ସାହୁ ପିଃ ଘରଦାବାନ ସାହୁ, ଅଲ୍ପନା ସାହୁ ସ୍ୱାଃ ଘରଦାବାନ ସାହୁ, ଶ୍ରୀପାରୀ ସାହୁ, ଶକ୍ଷୁ ସାହୁ, ନିତ୍ୟାନନ୍ଦୀ ସାହୁ, ପଞ୍ଚାନା ସାହୁ, ଗୋପିକା ସାହୁ ପିଃ ଭୁକ୍ତିବାସ ସାହୁ, ପୁଳା ସାହୁ ସ୍ୱାଃ ଭୁକ୍ତିବାସ ସାହୁ ଜାଃ ଗଞ୍ଜା ବାଃ ନିବାସୀ
479	ଗୁଡ଼ଆଝୀ	64	476	0.0360	0.0360	ଶାରଦ ଅଭଳକେନ୍ଦ୍ରିତ ଏକ	ବୈରିଗୀ ମାଝୀ, ମାଧୁରୀ ମାଝୀ, ଲୟାଧର ମାଝୀ, ପାଲୁଣା ମାଝୀ, ପୁଷ୍ପ ମାଝୀ, ସଦାନନ୍ଦ ମାଝୀ, ସର୍ବେଶ୍ୱର ମାଝୀ, ପରମେଶ୍ୱର ମାଝୀ, ଦୁର୍ଯ୍ୟୋଧନ ମାଝୀ, ଗୁରୁବାରି ମାଝୀ, ଧନେଶ୍ୱରୀ ମାଝୀ ପିଃ ଦେବ୍ରା ମାଝୀ, ବନ୍ଧୁନା ମାଝୀ ସ୍ୱାଃ ଦେବ୍ରା ମାଝୀ, ପ୍ରକାଶ ମାଝୀ, ଘାଗମାଣ ପିଃ ଭୁକ୍ତିନ ମାଝୀ, ବେଣୁଧର ମାଝୀ ପିଃ ଶୁକୁ ମାଝୀ, ରଶ୍ମିଣ୍ଣ ସାହୁ ପିଃ ଗୁଲୁକାଲାଲୁ, ଭଉଣୀ ସାହୁ, ଚିନ୍ତା ସାହୁ, ହିରା ସାହୁ, ରମ୍ୟା ସାହୁ ପିଃ ଶୁଭଦେବ ସାହୁ, ଭବିତା ସାହୁ ସ୍ୱାଃ ଶୁଭଦେବ ସାହୁ, ବନ୍ଦୁନା ସାହୁ, ଜଗଦୀଶ ସାହୁ, ଦେଉଁଳ ସାହୁ, ରଶ୍ମୁ ସାହୁ ପିଃ ବାମନଦେବ ସାହୁ, କଳ୍ପନା ସାହୁ ସ୍ୱାଃ ବାମନଦେବ ସାହୁ, ଲକ୍ଷ୍ମଦେବ ସାହୁ ପିଃ ଜଗଦୀଶ ସାହୁ, ଦିବାକର ସାହୁ, ରଘୁନାଥ ସାହୁ, ପ୍ରଶାନ୍ତ ସାହୁ, ଗୁରୁଟୁଟି ସାହୁ, ମାଲିନୀ ସାହୁ, ଭରିଲି ସାହୁ, ବାଗଙ୍କ ସାହୁ ପିଃ ଘରଦାବାନ ସାହୁ, ଅଲ୍ପନା ସାହୁ ସ୍ୱାଃ ଘରଦାବାନ ସାହୁ, ଶ୍ରୀପାରୀ ସାହୁ, ଶକ୍ଷୁ ସାହୁ, ନିତ୍ୟାନନ୍ଦୀ ସାହୁ, ପଞ୍ଚାନା ସାହୁ, ଗୋପିକା ସାହୁ ପିଃ ଭୁକ୍ତିବାସ ସାହୁ, ପୁଳା ସାହୁ ସ୍ୱାଃ ଭୁକ୍ତିବାସ ସାହୁ ଜାଃ ଗଞ୍ଜା ବାଃ ନିବାସୀ
480	ଗୁଡ଼ଆଝୀ	64	477 P	0.0425	0.0121	ଶାରଦ ଅଭଳକେନ୍ଦ୍ରିତ ଏକ	ବୈରିଗୀ ମାଝୀ, ମାଧୁରୀ ମାଝୀ, ଲୟାଧର ମାଝୀ, ପାଲୁଣା ମାଝୀ, ପୁଷ୍ପ ମାଝୀ, ସଦାନନ୍ଦ ମାଝୀ, ସର୍ବେଶ୍ୱର ମାଝୀ, ପରମେଶ୍ୱର ମାଝୀ, ଦୁର୍ଯ୍ୟୋଧନ ମାଝୀ, ଗୁରୁବାରି ମାଝୀ, ଧନେଶ୍ୱରୀ ମାଝୀ ପିଃ ଦେବ୍ରା ମାଝୀ, ବନ୍ଧୁନା ମାଝୀ ସ୍ୱାଃ ଦେବ୍ରା ମାଝୀ, ପ୍ରକାଶ ମାଝୀ, ଘାଗମାଣ ପିଃ ଭୁକ୍ତିନ ମାଝୀ, ବେଣୁଧର ମାଝୀ ପିଃ ଶୁକୁ ମାଝୀ, ରଶ୍ମିଣ୍ଣ ସାହୁ ପିଃ ଗୁଲୁକାଲାଲୁ, ଭଉଣୀ ସାହୁ, ଚିନ୍ତା ସାହୁ, ହିରା ସାହୁ, ରମ୍ୟା ସାହୁ ପିଃ ଶୁଭଦେବ ସାହୁ, ଭବିତା ସାହୁ ସ୍ୱାଃ ଶୁଭଦେବ ସାହୁ, ବନ୍ଦୁନା ସାହୁ, ଜଗଦୀଶ ସାହୁ, ଦେଉଁଳ ସାହୁ, ରଶ୍ମୁ ସାହୁ ପିଃ ବାମନଦେବ ସାହୁ, କଳ୍ପନା ସାହୁ ସ୍ୱାଃ ବାମନଦେବ ସାହୁ, ଲକ୍ଷ୍ମଦେବ ସାହୁ ପିଃ ଜଗଦୀଶ ସାହୁ, ଦିବାକର ସାହୁ, ରଘୁନାଥ ସାହୁ, ପ୍ରଶାନ୍ତ ସାହୁ, ଗୁରୁଟୁଟି ସାହୁ, ମାଲିନୀ ସାହୁ, ଭରିଲି ସାହୁ, ବାଗଙ୍କ ସାହୁ ପିଃ ଘରଦାବାନ ସାହୁ, ଅଲ୍ପନା ସାହୁ ସ୍ୱାଃ ଘରଦାବାନ ସାହୁ, ଶ୍ରୀପାରୀ ସାହୁ, ଶକ୍ଷୁ ସାହୁ, ନିତ୍ୟାନନ୍ଦୀ ସାହୁ, ପଞ୍ଚାନା ସାହୁ, ଗୋପିକା ସାହୁ ପିଃ ଭୁକ୍ତିବାସ ସାହୁ, ପୁଳା ସାହୁ ସ୍ୱାଃ ଭୁକ୍ତିବାସ ସାହୁ ଜାଃ ଗଞ୍ଜା ବାଃ ନିବାସୀ
481	ଗୁଡ଼ଆଝୀ	64	478 P	0.0680	0.0364	ଶାରଦ ଅଭଳକେନ୍ଦ୍ରିତ ଦୃତ	ବୈରିଗୀ ମାଝୀ, ମାଧୁରୀ ମାଝୀ, ଲୟାଧର ମାଝୀ, ପାଲୁଣା ମାଝୀ, ପୁଷ୍ପ ମାଝୀ, ସଦାନନ୍ଦ ମାଝୀ, ସର୍ବେଶ୍ୱର ମାଝୀ, ପରମେଶ୍ୱର ମାଝୀ, ଦୁର୍ଯ୍ୟୋଧନ ମାଝୀ, ଗୁରୁବାରି ମାଝୀ, ଧନେଶ୍ୱରୀ ମାଝୀ ପିଃ ଦେବ୍ରା ମାଝୀ, ବନ୍ଧୁନା ମାଝୀ ସ୍ୱାଃ ଦେବ୍ରା ମାଝୀ, ପ୍ରକାଶ ମାଝୀ, ଘାଗମାଣ ପିଃ ଭୁକ୍ତିନ ମାଝୀ, ବେଣୁଧର ମାଝୀ ପିଃ ଶୁକୁ ମାଝୀ, ରଶ୍ମିଣ୍ଣ ସାହୁ ପିଃ ଗୁଲୁକାଲାଲୁ, ଭଉଣୀ ସାହୁ, ଚିନ୍ତା ସାହୁ, ହିରା ସାହୁ, ରମ୍ୟା ସାହୁ ପିଃ ଶୁଭଦେବ ସାହୁ, ଭବିତା ସାହୁ ସ୍ୱାଃ ଶୁଭଦେବ ସାହୁ, ବନ୍ଦୁନା ସାହୁ, ଜଗଦୀଶ ସାହୁ, ଦେଉଁଳ ସାହୁ, ରଶ୍ମୁ ସାହୁ ପିଃ ବାମନଦେବ ସାହୁ, କଳ୍ପନା ସାହୁ ସ୍ୱାଃ ବାମନଦେବ ସାହୁ, ଲକ୍ଷ୍ମଦେବ ସାହୁ ପିଃ ଜଗଦୀଶ ସାହୁ, ଦିବାକର ସାହୁ, ରଘୁନାଥ ସାହୁ, ପ୍ରଶାନ୍ତ ସାହୁ, ଗୁରୁଟୁଟି ସାହୁ, ମାଲିନୀ ସାହୁ, ଭରିଲି ସାହୁ, ବାଗଙ୍କ ସାହୁ ପିଃ ଘରଦାବାନ ସାହୁ, ଅଲ୍ପନା ସାହୁ ସ୍ୱାଃ ଘରଦାବାନ ସାହୁ, ଶ୍ରୀପାରୀ ସାହୁ, ଶକ୍ଷୁ ସାହୁ, ନିତ୍ୟାନନ୍ଦୀ ସାହୁ, ପଞ୍ଚାନା ସାହୁ, ଗୋପିକା ସାହୁ ପିଃ ଭୁକ୍ତିବାସ ସାହୁ, ପୁଳା ସାହୁ ସ୍ୱାଃ ଭୁକ୍ତିବାସ ସାହୁ ଜାଃ ଗଞ୍ଜା ବାଃ ନିବାସୀ
482	ଗୁଡ଼ଆଝୀ	25	479	0.0280	0.0280	ଶାରଦ ଅଭଳକେନ୍ଦ୍ରିତ ତିନି	ସମୁ ସାହୁ, ପ୍ରହ୍ଲାଦ ସାହୁ, ଅଧିକାରୀ ସାହୁ, ମଧୁ ସାହୁ, ସୁବୁଦ୍ଧାରୀ ସାହୁ, ନଟବର ସାହୁ, ଅମ୍ୟା ସାହୁ ପିଃ ଗୋପାଳ ସାହୁ, ଗୁଳା ଦେବ୍ଜୁରୀ ପିଃ ରାଜୁ ଦେବ୍ଜୁରୀ, ମାଣ୍ଡୁଲାଲୁ ପିଃ ଏକଉରା ଶ୍ରୀନାଥ ସାହୁ ସ୍ୱାଃ ଏକଉବାରା ସାହୁ, ପୂର୍ଣ୍ଣଚନ୍ଦ୍ର ସାହୁ, ଜନୀମାପାବ, ଦୀପ୍ତି ସାହୁ, ରାଜୀବ ସାହୁ, ରଶ୍ମିତା ସାହୁ, ଗୌମା ସାହୁ, ରଶ୍ମି ସାହୁ, ମାଳ ରଣ୍ଡି ପିଃ ପୁଣା ସାହୁ, ଟାପା ସାହୁ, ବୀଣାପାଣି ସାହୁ, ଗୌତମ ସାହୁ, ଆଶା ସାହୁ ପିଃ ଗୋପାଳ ସାହୁ, କଳ୍ପୁ ସାହୁ, ପୁଷ୍ପାଞ୍ଜଳି ସାହୁ, ଦେବେ ସାହୁ, ଲକ୍ଷ୍ମୀ ସାହୁ, ପ୍ରଭୁ ସାହୁ, ଉଦୟ ସାହୁ ପିଃ ଦାଢ଼ି ସାହୁ, ନବୀନା ସାହୁ, ସ୍ୱାମୀ ସାହୁ, ପୁଷ୍ପଲତା ସାହୁ, ଗୁଣ ସାହୁ, ପୁଲୁଜ ସାହୁ, ଟେବିକା ସାହୁ, ଗଣ୍ଡିଆ ସାହୁ, ପୁଞ୍ଜଳି ସାହୁ ପିଃ କାଳିବାସାହୁ, ସର୍ବାଣ ସାହୁ ପିଃ ମହାଦେବ ସାହୁ, ଉଦାବରୀ ସାହୁ, ଉଦେଶ୍ୟା ସାହୁ, ଗୌରୀ ସାହୁ, ଗିଳ ସାହୁ, ବୋଗଳା ସାହୁ, ପୁଳା ସାହୁ ପିଃ ମିନ୍ଦୁ ସାହୁ ଜାଃ ଗଞ୍ଜା ବାଃ ନିବାସୀ
483	ଗୁଡ଼ଆଝୀ	25	480 P	0.0365	0.0080	ଶାରଦ ଅଭଳକେନ୍ଦ୍ରିତ ତିନି	ସମୁ ସାହୁ, ପ୍ରହ୍ଲାଦ ସାହୁ, ଅଧିକାରୀ ସାହୁ, ମଧୁ ସାହୁ, ସୁବୁଦ୍ଧାରୀ ସାହୁ, ନଟବର ସାହୁ, ଅମ୍ୟା ସାହୁ ପିଃ ଗୋପାଳ ସାହୁ, ଗୁଳା ଦେବ୍ଜୁରୀ ପିଃ ରାଜୁ ଦେବ୍ଜୁରୀ, ମାଣ୍ଡୁଲାଲୁ ପିଃ ଏକଉରା ଶ୍ରୀନାଥ ସାହୁ ସ୍ୱାଃ ଏକଉବାରା ସାହୁ, ପୂର୍ଣ୍ଣଚନ୍ଦ୍ର ସାହୁ, ଜନୀମାପାବ, ଦୀପ୍ତି ସାହୁ, ରାଜୀବ ସାହୁ, ରଶ୍ମିତା ସାହୁ, ଗୌମା ସାହୁ, ରଶ୍ମି ସାହୁ, ମାଳ ରଣ୍ଡି ପିଃ ପୁଣା ସାହୁ, ଟାପା ସାହୁ, ବୀଣାପାଣି ସାହୁ, ଗୌତମ ସାହୁ, ଆଶା ସାହୁ ପିଃ ଗୋପାଳ ସାହୁ, କଳ୍ପୁ ସାହୁ, ପୁଷ୍ପାଞ୍ଜଳି ସାହୁ, ଦେବେ ସାହୁ, ଲକ୍ଷ୍ମୀ ସାହୁ, ପ୍ରଭୁ ସାହୁ, ଉଦୟ ସାହୁ ପିଃ ଦାଢ଼ି ସାହୁ, ନବୀନା ସାହୁ, ସ୍ୱାମୀ ସାହୁ, ପୁଷ୍ପଲତା ସାହୁ, ଗୁଣ ସାହୁ, ପୁଲୁଜ ସାହୁ, ଟେବିକା ସାହୁ, ଗଣ୍ଡିଆ ସାହୁ, ପୁଞ୍ଜଳି ସାହୁ ପିଃ କାଳିବାସାହୁ, ସର୍ବାଣ ସାହୁ ପିଃ ମହାଦେବ ସାହୁ, ଉଦାବରୀ ସାହୁ, ଉଦେଶ୍ୟା ସାହୁ, ଗୌରୀ ସାହୁ, ଗିଳ ସାହୁ, ବୋଗଳା ସାହୁ, ପୁଳା ସାହୁ ପିଃ ମିନ୍ଦୁ ସାହୁ ଜାଃ ଗଞ୍ଜା ବାଃ ନିବାସୀ
484	ଗୁଡ଼ଆଝୀ	25	481	0.0365	0.0365	ଶାରଦ ଅଭଳକେନ୍ଦ୍ରିତ ତିନି	ସମୁ ସାହୁ, ପ୍ରହ୍ଲାଦ ସାହୁ, ଅଧିକାରୀ ସାହୁ, ମଧୁ ସାହୁ, ସୁବୁଦ୍ଧାରୀ ସାହୁ, ନଟବର ସାହୁ, ଅମ୍ୟା ସାହୁ ପିଃ ଗୋପାଳ ସାହୁ, ଗୁଳା ଦେବ୍ଜୁରୀ ପିଃ ରାଜୁ ଦେବ୍ଜୁରୀ, ମାଣ୍ଡୁଲାଲୁ ପିଃ ଏକଉରା ଶ୍ରୀନାଥ ସାହୁ ସ୍ୱାଃ ଏକଉବାରା ସାହୁ, ପୂର୍ଣ୍ଣଚନ୍ଦ୍ର ସାହୁ, ଜନୀମାପାବ, ଦୀପ୍ତି ସାହୁ, ରାଜୀବ ସାହୁ, ରଶ୍ମିତା ସାହୁ, ଗୌମା ସାହୁ, ରଶ୍ମି ସାହୁ, ମାଳ ରଣ୍ଡି ପିଃ ପୁଣା ସାହୁ, ଟାପା ସାହୁ, ବୀଣାପାଣି ସାହୁ, ଗୌତମ ସାହୁ, ଆଶା ସାହୁ ପିଃ ଗୋପାଳ ସାହୁ, କଳ୍ପୁ ସାହୁ, ପୁଷ୍ପାଞ୍ଜଳି ସାହୁ, ଦେବେ ସାହୁ, ଲକ୍ଷ୍ମୀ ସାହୁ, ପ୍ରଭୁ ସାହୁ, ଉଦୟ ସାହୁ ପିଃ ଦାଢ଼ି ସାହୁ, ନବୀନା ସାହୁ, ସ୍ୱାମୀ ସାହୁ, ପୁଷ୍ପଲତା ସାହୁ, ଗୁଣ ସାହୁ, ପୁଲୁଜ ସାହୁ, ଟେବିକା ସାହୁ, ଗଣ୍ଡିଆ ସାହୁ, ପୁଞ୍ଜଳି ସାହୁ ପିଃ କାଳିବାସାହୁ, ସର୍ବାଣ ସାହୁ ପିଃ ମହାଦେବ ସାହୁ, ଉଦାବରୀ ସାହୁ, ଉଦେଶ୍ୟା ସାହୁ, ଗୌରୀ ସାହୁ, ଗିଳ ସାହୁ, ବୋଗଳା ସାହୁ, ପୁଳା ସାହୁ ପିଃ ମିନ୍ଦୁ ସାହୁ ଜାଃ ଗଞ୍ଜା ବାଃ ନିବାସୀ
485	ଗୁଡ଼ଆଝୀ	25	482	0.0220	0.0220	ଶାରଦ ଅଭଳକେନ୍ଦ୍ରିତ ଦୃତ	ସମୁ ସାହୁ, ପ୍ରହ୍ଲାଦ ସାହୁ, ଅଧିକାରୀ ସାହୁ, ମଧୁ ସାହୁ, ସୁବୁଦ୍ଧାରୀ ସାହୁ, ନଟବର ସାହୁ, ଅମ୍ୟା ସାହୁ ପିଃ ଗୋପାଳ ସାହୁ, ଗୁଳା ଦେବ୍ଜୁରୀ ପିଃ ରାଜୁ ଦେବ୍ଜୁରୀ, ମାଣ୍ଡୁଲାଲୁ ପିଃ ଏକଉରା ଶ୍ରୀନାଥ ସାହୁ ସ୍ୱାଃ ଏକଉବାରା ସାହୁ, ପୂର୍ଣ୍ଣଚନ୍ଦ୍ର ସାହୁ, ଜନୀମାପାବ, ଦୀପ୍ତି ସାହୁ, ରାଜୀବ ସାହୁ, ରଶ୍ମିତା ସାହୁ, ଗୌମା ସାହୁ, ରଶ୍ମି ସାହୁ, ମାଳ ରଣ୍ଡି ପିଃ ପୁଣା ସାହୁ, ଟାପା ସାହୁ, ବୀଣାପାଣି ସାହୁ, ଗୌତମ ସାହୁ, ଆଶା ସାହୁ ପିଃ ଗୋପାଳ ସାହୁ, କଳ୍ପୁ ସାହୁ, ପୁଷ୍ପାଞ୍ଜଳି ସାହୁ, ଦେବେ ସାହୁ, ଲକ୍ଷ୍ମୀ ସାହୁ, ପ୍ରଭୁ ସାହୁ, ଉଦୟ ସାହୁ ପିଃ ଦାଢ଼ି ସାହୁ, ନବୀନା ସାହୁ, ସ୍ୱାମୀ ସାହୁ, ପୁଷ୍ପଲତା ସାହୁ, ଗୁଣ ସାହୁ, ପୁଲୁଜ ସାହୁ, ଟେବିକା ସାହୁ, ଗଣ୍ଡିଆ ସାହୁ, ପୁଞ୍ଜଳି ସାହୁ ପିଃ କାଳିବାସାହୁ, ସର୍ବାଣ ସାହୁ ପିଃ ମହାଦେବ ସାହୁ, ଉଦାବରୀ ସାହୁ, ଉଦେଶ୍ୟା ସାହୁ, ଗୌରୀ ସାହୁ, ଗିଳ ସାହୁ, ବୋଗଳା ସାହୁ, ପୁଳା ସାହୁ ପିଃ ମିନ୍ଦୁ ସାହୁ ଜାଃ ଗଞ୍ଜା ବାଃ ନିବାସୀ
486	ଗୁଡ଼ଆଝୀ	25	483	0.0160	0.0160	ଶାରଦ ଅଭଳକେନ୍ଦ୍ରିତ ଦୃତ	ସମୁ ସାହୁ, ପ୍ରହ୍ଲାଦ ସାହୁ, ଅଧିକାରୀ ସାହୁ, ମଧୁ ସାହୁ, ସୁବୁଦ୍ଧାରୀ ସାହୁ, ନଟବର ସାହୁ, ଅମ୍ୟା ସାହୁ ପିଃ ଗୋପାଳ ସାହୁ, ଗୁଳା ଦେବ୍ଜୁରୀ ପିଃ ରାଜୁ ଦେବ୍ଜୁରୀ, ମାଣ୍ଡୁଲାଲୁ ପିଃ ଏକଉରା ଶ୍ରୀନାଥ ସାହୁ ସ୍ୱାଃ ଏକଉବାରା ସାହୁ, ପୂର୍ଣ୍ଣଚନ୍ଦ୍ର ସାହୁ, ଜନୀମାପାବ, ଦୀପ୍ତି ସାହୁ, ରାଜୀବ ସାହୁ, ରଶ୍ମିତା ସାହୁ, ଗୌମା ସାହୁ, ରଶ୍ମି ସାହୁ, ମାଳ ରଣ୍ଡି ପିଃ ପୁଣା ସାହୁ, ଟାପା ସାହୁ, ବୀଣାପାଣି ସାହୁ, ଗୌତମ ସାହୁ, ଆଶା ସାହୁ ପିଃ ଗୋପାଳ ସାହୁ, କଳ୍ପୁ ସାହୁ, ପୁଷ୍ପାଞ୍ଜଳି ସାହୁ, ଦେବେ ସାହୁ, ଲକ୍ଷ୍ମୀ ସାହୁ, ପ୍ରଭୁ ସାହୁ, ଉଦୟ ସାହୁ ପିଃ ଦାଢ଼ି ସାହୁ, ନବୀନା ସାହୁ, ସ୍ୱାମୀ ସାହୁ, ପୁଷ୍ପଲତା ସାହୁ, ଗୁଣ ସାହୁ, ପୁଲୁଜ ସାହୁ, ଟେବିକା ସାହୁ, ଗଣ୍ଡିଆ ସାହୁ, ପୁଞ୍ଜଳି ସାହୁ ପିଃ କାଳିବାସାହୁ, ସର୍ବାଣ ସାହୁ ପିଃ ମହାଦେବ ସାହୁ, ଉଦାବରୀ ସାହୁ, ଉଦେଶ୍ୟା ସାହୁ, ଗୌରୀ ସାହୁ, ଗିଳ ସାହୁ, ବୋଗଳା ସାହୁ, ପୁଳା ସାହୁ ପିଃ ମିନ୍ଦୁ ସାହୁ ଜାଃ ଗଞ୍ଜା ବାଃ ନିବାସୀ
487	ଗୁଡ଼ଆଝୀ	25	484	0.0200	0.0200	ଶାରଦ ଅଭଳକେନ୍ଦ୍ରିତ ଦୃତ	ସମୁ ସାହୁ, ପ୍ରହ୍ଲାଦ ସାହୁ, ଅଧିକାରୀ ସାହୁ, ମଧୁ ସାହୁ, ସୁବୁଦ୍ଧାରୀ ସାହୁ, ନଟବର ସାହୁ, ଅମ୍ୟା ସାହୁ ପିଃ ଗୋପାଳ ସାହୁ, ଗୁଳା ଦେବ୍ଜୁରୀ ପିଃ ରାଜୁ ଦେବ୍ଜୁରୀ, ମାଣ୍ଡୁଲାଲୁ ପିଃ ଏକଉରା ଶ୍ରୀନାଥ ସାହୁ ସ୍ୱାଃ ଏକଉବାରା ସାହୁ, ପୂର୍ଣ୍ଣଚନ୍ଦ୍ର ସାହୁ, ଜନୀମାପାବ, ଦୀପ୍ତି ସାହୁ, ରାଜୀବ ସାହୁ, ରଶ୍ମିତା ସାହୁ, ଗୌମା ସାହୁ, ରଶ୍ମି ସାହୁ, ମାଳ ରଣ୍ଡି ପିଃ ପୁଣା ସାହୁ, ଟାପା ସାହୁ, ବୀଣାପାଣି ସାହୁ, ଗୌତମ ସାହୁ, ଆଶା ସାହୁ ପିଃ ଗୋପାଳ ସାହୁ, କଳ୍ପୁ ସାହୁ, ପୁଷ୍ପାଞ୍ଜଳି ସାହୁ, ଦେବେ ସାହୁ, ଲକ୍ଷ୍ମୀ ସାହୁ, ପ୍ରଭୁ ସାହୁ, ଉଦୟ ସାହୁ ପିଃ ଦାଢ଼ି ସାହୁ, ନବୀନା ସାହୁ, ସ୍ୱାମୀ ସାହୁ, ପୁଷ୍ପଲତା ସାହୁ, ଗୁଣ ସାହୁ, ପୁଲୁଜ ସାହୁ, ଟେବିକା ସାହୁ, ଗଣ୍ଡିଆ ସାହୁ, ପୁଞ୍ଜଳି ସାହୁ ପିଃ କାଳିବାସାହୁ, ସର୍ବାଣ ସାହୁ ପିଃ ମହାଦେବ ସାହୁ, ଉଦାବରୀ ସାହୁ, ଉଦେଶ୍ୟା ସାହୁ, ଗୌରୀ ସାହୁ, ଗିଳ ସାହୁ, ବୋଗଳା ସାହୁ, ପୁଳା ସାହୁ ପିଃ ମିନ୍ଦୁ ସାହୁ ଜାଃ ଗଞ୍ଜା ବାଃ ନିବାସୀ
488	ଗୁଡ଼ଆଝୀ	25	485	0.0245	0.0245	ଶାରଦ ଅଭଳକେନ୍ଦ୍ରିତ ଦୃତ	ସମୁ ସାହୁ, ପ୍ରହ୍ଲାଦ ସାହୁ, ଅଧିକାରୀ ସାହୁ, ମଧୁ ସାହୁ, ସୁବୁଦ୍ଧାରୀ ସାହୁ, ନଟବର ସାହୁ, ଅମ୍ୟା ସାହୁ ପିଃ ଗୋପାଳ ସାହୁ, ଗୁଳା ଦେବ୍ଜୁରୀ ପିଃ ରାଜୁ ଦେବ୍ଜୁରୀ, ମାଣ୍ଡୁଲାଲୁ ପିଃ ଏକଉରା ଶ୍ରୀନାଥ ସାହୁ ସ୍ୱାଃ ଏକଉବାରା ସାହୁ, ପୂର୍ଣ୍ଣଚନ୍ଦ୍ର ସାହୁ, ଜନୀମାପାବ, ଦୀପ୍ତି ସାହୁ, ରାଜୀବ ସାହୁ, ରଶ୍ମିତା ସାହୁ, ଗୌମା ସାହୁ, ରଶ୍ମି ସାହୁ, ମାଳ ରଣ୍ଡି ପିଃ ପୁଣା ସାହୁ, ଟାପା ସାହୁ, ବୀଣାପାଣି ସାହୁ, ଗୌତମ ସାହୁ, ଆଶା ସାହୁ ପିଃ ଗୋପାଳ ସାହୁ, କଳ୍ପୁ ସାହୁ, ପୁଷ୍ପାଞ୍ଜଳି ସାହୁ, ଦେବେ ସାହୁ, ଲକ୍ଷ୍ମୀ ସାହୁ, ପ୍ରଭୁ ସାହୁ, ଉଦୟ ସାହୁ ପିଃ ଦାଢ଼ି ସାହୁ, ନବୀନା ସାହୁ, ସ୍ୱାମୀ ସାହୁ, ପୁଷ୍ପଲତା ସାହୁ, ଗୁଣ ସାହୁ, ପୁଲୁଜ ସାହୁ, ଟେବିକା ସାହୁ, ଗଣ୍ଡିଆ ସାହୁ, ପୁଞ୍ଜଳି ସାହୁ ପିଃ କାଳିବାସାହୁ, ସର୍ବାଣ ସାହୁ ପିଃ ମହାଦେବ ସାହୁ, ଉଦାବରୀ ସାହୁ, ଉଦେଶ୍ୟା ସାହୁ, ଗୌରୀ ସାହୁ, ଗିଳ ସାହୁ, ବୋଗଳା ସାହୁ, ପୁଳା ସାହୁ ପିଃ ମିନ୍ଦୁ ସାହୁ ଜାଃ ଗଞ୍ଜା ବାଃ ନିବାସୀ
